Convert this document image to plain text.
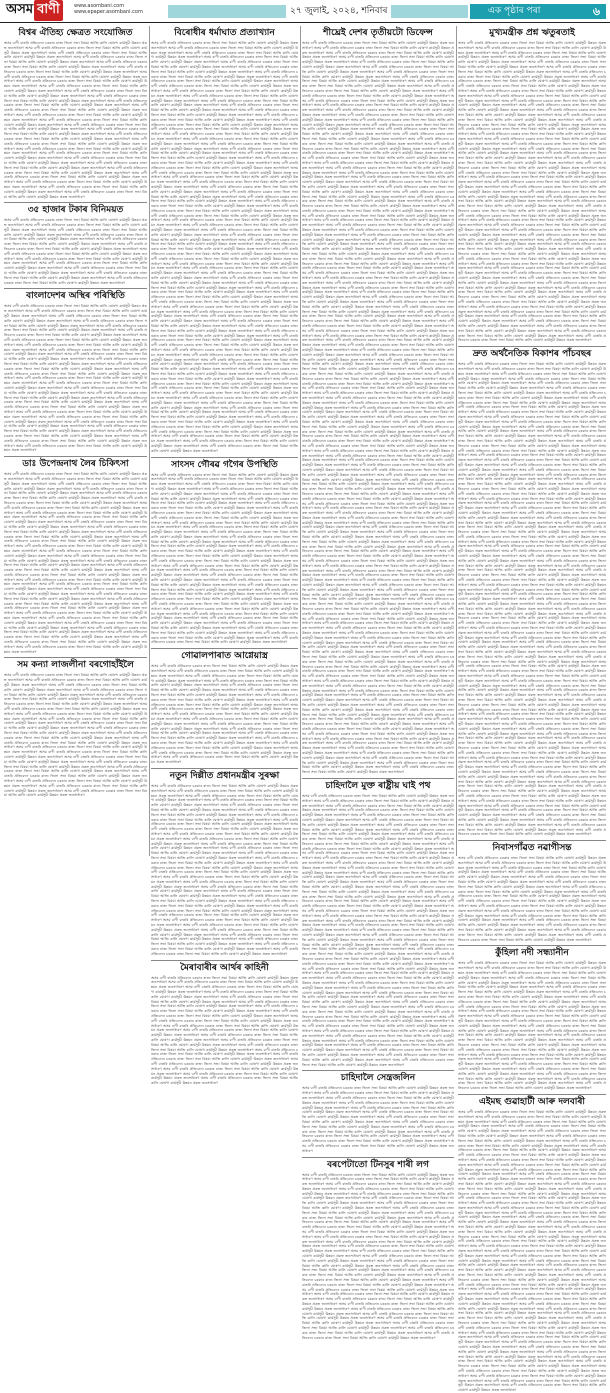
অসম বাণী	www.asombani.com
www.epaper.asombani.com	২৭ জুলাই, ২০২৪, শনিবাৰ	এক পৃষ্ঠাৰ পৰা	৬
বিশ্বৰ ঐতিহ্য ক্ষেত্ৰত সংযোজিত
অসম বাণী বাতৰি প্ৰতিবেদন চৰকাৰ ৰাজ্য জিলা সভা বিষয়া আজি কালি ঘোষণা কাৰ্যসূচী উন্নয়ন প্ৰকল্প জনসাধাৰণ অসম বাণী বাতৰি প্ৰতিবেদন চৰকাৰ ৰাজ্য জিলা সভা বিষয়া আজি কালি ঘোষণা কাৰ্যসূচী উন্নয়ন প্ৰকল্প জনসাধাৰণ অসম বাণী বাতৰি প্ৰতিবেদন চৰকাৰ ৰাজ্য জিলা সভা বিষয়া আজি কালি ঘোষণা কাৰ্যসূচী উন্নয়ন প্ৰকল্প জনসাধাৰণ অসম বাণী বাতৰি প্ৰতিবেদন চৰকাৰ ৰাজ্য জিলা সভা বিষয়া আজি কালি ঘোষণা কাৰ্যসূচী উন্নয়ন প্ৰকল্প জনসাধাৰণ অসম বাণী বাতৰি প্ৰতিবেদন চৰকাৰ ৰাজ্য জিলা সভা বিষয়া আজি কালি ঘোষণা কাৰ্যসূচী উন্নয়ন প্ৰকল্প জনসাধাৰণ অসম বাণী বাতৰি প্ৰতিবেদন চৰকাৰ ৰাজ্য জিলা সভা বিষয়া আজি কালি ঘোষণা কাৰ্যসূচী উন্নয়ন প্ৰকল্প জনসাধাৰণ অসম বাণী বাতৰি প্ৰতিবেদন চৰকাৰ ৰাজ্য জিলা সভা বিষয়া আজি কালি ঘোষণা কাৰ্যসূচী উন্নয়ন প্ৰকল্প জনসাধাৰণ অসম বাণী বাতৰি প্ৰতিবেদন চৰকাৰ ৰাজ্য জিলা সভা বিষয়া আজি কালি ঘোষণা কাৰ্যসূচী উন্নয়ন প্ৰকল্প জনসাধাৰণ অসম বাণী বাতৰি প্ৰতিবেদন চৰকাৰ ৰাজ্য জিলা সভা বিষয়া আজি কালি ঘোষণা কাৰ্যসূচী উন্নয়ন প্ৰকল্প জনসাধাৰণ অসম বাণী বাতৰি প্ৰতিবেদন চৰকাৰ ৰাজ্য জিলা সভা বিষয়া আজি কালি ঘোষণা কাৰ্যসূচী উন্নয়ন প্ৰকল্প জনসাধাৰণ অসম বাণী বাতৰি প্ৰতিবেদন চৰকাৰ ৰাজ্য জিলা সভা বিষয়া আজি কালি ঘোষণা কাৰ্যসূচী উন্নয়ন প্ৰকল্প জনসাধাৰণ অসম বাণী বাতৰি প্ৰতিবেদন চৰকাৰ ৰাজ্য জিলা সভা বিষয়া আজি কালি ঘোষণা কাৰ্যসূচী উন্নয়ন প্ৰকল্প জনসাধাৰণ অসম বাণী বাতৰি প্ৰতিবেদন চৰকাৰ ৰাজ্য জিলা সভা বিষয়া আজি কালি ঘোষণা কাৰ্যসূচী উন্নয়ন প্ৰকল্প জনসাধাৰণ অসম বাণী বাতৰি প্ৰতিবেদন চৰকাৰ ৰাজ্য জিলা সভা বিষয়া আজি কালি ঘোষণা কাৰ্যসূচী উন্নয়ন প্ৰকল্প জনসাধাৰণ অসম বাণী বাতৰি প্ৰতিবেদন চৰকাৰ ৰাজ্য জিলা সভা বিষয়া আজি কালি ঘোষণা কাৰ্যসূচী উন্নয়ন প্ৰকল্প জনসাধাৰণ অসম বাণী বাতৰি প্ৰতিবেদন চৰকাৰ ৰাজ্য জিলা সভা বিষয়া আজি কালি ঘোষণা কাৰ্যসূচী উন্নয়ন প্ৰকল্প জনসাধাৰণ অসম বাণী বাতৰি প্ৰতিবেদন চৰকাৰ ৰাজ্য জিলা সভা বিষয়া আজি কালি ঘোষণা কাৰ্যসূচী উন্নয়ন প্ৰকল্প জনসাধাৰণ অসম বাণী বাতৰি প্ৰতিবেদন চৰকাৰ ৰাজ্য জিলা সভা বিষয়া আজি কালি ঘোষণা কাৰ্যসূচী উন্নয়ন প্ৰকল্প জনসাধাৰণ অসম বাণী বাতৰি প্ৰতিবেদন চৰকাৰ ৰাজ্য জিলা সভা বিষয়া আজি কালি ঘোষণা কাৰ্যসূচী উন্নয়ন প্ৰকল্প জনসাধাৰণ অসম বাণী বাতৰি প্ৰতিবেদন চৰকাৰ ৰাজ্য জিলা সভা বিষয়া আজি কালি ঘোষণা কাৰ্যসূচী উন্নয়ন প্ৰকল্প জনসাধাৰণ অসম বাণী বাতৰি প্ৰতিবেদন চৰকাৰ ৰাজ্য জিলা সভা বিষয়া আজি কালি ঘোষণা কাৰ্যসূচী উন্নয়ন প্ৰকল্প জনসাধাৰণ অসম বাণী বাতৰি প্ৰতিবেদন চৰকাৰ ৰাজ্য জিলা সভা বিষয়া আজি কালি ঘোষণা কাৰ্যসূচী উন্নয়ন প্ৰকল্প জনসাধাৰণ অসম বাণী বাতৰি প্ৰতিবেদন চৰকাৰ ৰাজ্য জিলা সভা বিষয়া আজি কালি ঘোষণা কাৰ্যসূচী উন্নয়ন প্ৰকল্প জনসাধাৰণ অসম বাণী বাতৰি প্ৰতিবেদন চৰকাৰ ৰাজ্য জিলা সভা বিষয়া আজি কালি ঘোষণা কাৰ্যসূচী উন্নয়ন প্ৰকল্প জনসাধাৰণ অসম বাণী বাতৰি প্ৰতিবেদন চৰকাৰ ৰাজ্য জিলা সভা বিষয়া আজি কালি ঘোষণা কাৰ্যসূচী উন্নয়ন প্ৰকল্প জনসাধাৰণ অসম বাণী বাতৰি প্ৰতিবেদন চৰকাৰ ৰাজ্য জিলা সভা বিষয়া আজি কালি ঘোষণা কাৰ্যসূচী উন্নয়ন প্ৰকল্প জনসাধাৰণ অসম বাণী বাতৰি প্ৰতিবেদন চৰকাৰ ৰাজ্য জিলা সভা বিষয়া আজি কালি ঘোষণা কাৰ্যসূচী উন্নয়ন প্ৰকল্প জনসাধাৰণ অসম বাণী বাতৰি প্ৰতিবেদন চৰকাৰ ৰাজ্য জিলা সভা বিষয়া আজি কালি ঘোষণা কাৰ্যসূচী উন্নয়ন প্ৰকল্প জনসাধাৰণ
৩৫ হাজাৰ টকাৰ বিনিময়ত
অসম বাণী বাতৰি প্ৰতিবেদন চৰকাৰ ৰাজ্য জিলা সভা বিষয়া আজি কালি ঘোষণা কাৰ্যসূচী উন্নয়ন প্ৰকল্প জনসাধাৰণ অসম বাণী বাতৰি প্ৰতিবেদন চৰকাৰ ৰাজ্য জিলা সভা বিষয়া আজি কালি ঘোষণা কাৰ্যসূচী উন্নয়ন প্ৰকল্প জনসাধাৰণ অসম বাণী বাতৰি প্ৰতিবেদন চৰকাৰ ৰাজ্য জিলা সভা বিষয়া আজি কালি ঘোষণা কাৰ্যসূচী উন্নয়ন প্ৰকল্প জনসাধাৰণ অসম বাণী বাতৰি প্ৰতিবেদন চৰকাৰ ৰাজ্য জিলা সভা বিষয়া আজি কালি ঘোষণা কাৰ্যসূচী উন্নয়ন প্ৰকল্প জনসাধাৰণ অসম বাণী বাতৰি প্ৰতিবেদন চৰকাৰ ৰাজ্য জিলা সভা বিষয়া আজি কালি ঘোষণা কাৰ্যসূচী উন্নয়ন প্ৰকল্প জনসাধাৰণ অসম বাণী বাতৰি প্ৰতিবেদন চৰকাৰ ৰাজ্য জিলা সভা বিষয়া আজি কালি ঘোষণা কাৰ্যসূচী উন্নয়ন প্ৰকল্প জনসাধাৰণ অসম বাণী বাতৰি প্ৰতিবেদন চৰকাৰ ৰাজ্য জিলা সভা বিষয়া আজি কালি ঘোষণা কাৰ্যসূচী উন্নয়ন প্ৰকল্প জনসাধাৰণ অসম বাণী বাতৰি প্ৰতিবেদন চৰকাৰ ৰাজ্য জিলা সভা বিষয়া আজি কালি ঘোষণা কাৰ্যসূচী উন্নয়ন প্ৰকল্প জনসাধাৰণ অসম বাণী বাতৰি প্ৰতিবেদন চৰকাৰ ৰাজ্য জিলা সভা বিষয়া আজি কালি ঘোষণা কাৰ্যসূচী উন্নয়ন প্ৰকল্প জনসাধাৰণ অসম বাণী বাতৰি প্ৰতিবেদন চৰকাৰ ৰাজ্য জিলা সভা বিষয়া আজি কালি ঘোষণা কাৰ্যসূচী উন্নয়ন প্ৰকল্প জনসাধাৰণ অসম বাণী বাতৰি প্ৰতিবেদন চৰকাৰ ৰাজ্য জিলা সভা বিষয়া আজি কালি ঘোষণা কাৰ্যসূচী উন্নয়ন প্ৰকল্প জনসাধাৰণ অসম বাণী বাতৰি প্ৰতিবেদন চৰকাৰ ৰাজ্য জিলা সভা বিষয়া আজি কালি ঘোষণা কাৰ্যসূচী উন্নয়ন প্ৰকল্প জনসাধাৰণ
বাংলাদেশৰ অস্থিৰ পৰিস্থিতি
অসম বাণী বাতৰি প্ৰতিবেদন চৰকাৰ ৰাজ্য জিলা সভা বিষয়া আজি কালি ঘোষণা কাৰ্যসূচী উন্নয়ন প্ৰকল্প জনসাধাৰণ অসম বাণী বাতৰি প্ৰতিবেদন চৰকাৰ ৰাজ্য জিলা সভা বিষয়া আজি কালি ঘোষণা কাৰ্যসূচী উন্নয়ন প্ৰকল্প জনসাধাৰণ অসম বাণী বাতৰি প্ৰতিবেদন চৰকাৰ ৰাজ্য জিলা সভা বিষয়া আজি কালি ঘোষণা কাৰ্যসূচী উন্নয়ন প্ৰকল্প জনসাধাৰণ অসম বাণী বাতৰি প্ৰতিবেদন চৰকাৰ ৰাজ্য জিলা সভা বিষয়া আজি কালি ঘোষণা কাৰ্যসূচী উন্নয়ন প্ৰকল্প জনসাধাৰণ অসম বাণী বাতৰি প্ৰতিবেদন চৰকাৰ ৰাজ্য জিলা সভা বিষয়া আজি কালি ঘোষণা কাৰ্যসূচী উন্নয়ন প্ৰকল্প জনসাধাৰণ অসম বাণী বাতৰি প্ৰতিবেদন চৰকাৰ ৰাজ্য জিলা সভা বিষয়া আজি কালি ঘোষণা কাৰ্যসূচী উন্নয়ন প্ৰকল্প জনসাধাৰণ অসম বাণী বাতৰি প্ৰতিবেদন চৰকাৰ ৰাজ্য জিলা সভা বিষয়া আজি কালি ঘোষণা কাৰ্যসূচী উন্নয়ন প্ৰকল্প জনসাধাৰণ অসম বাণী বাতৰি প্ৰতিবেদন চৰকাৰ ৰাজ্য জিলা সভা বিষয়া আজি কালি ঘোষণা কাৰ্যসূচী উন্নয়ন প্ৰকল্প জনসাধাৰণ অসম বাণী বাতৰি প্ৰতিবেদন চৰকাৰ ৰাজ্য জিলা সভা বিষয়া আজি কালি ঘোষণা কাৰ্যসূচী উন্নয়ন প্ৰকল্প জনসাধাৰণ অসম বাণী বাতৰি প্ৰতিবেদন চৰকাৰ ৰাজ্য জিলা সভা বিষয়া আজি কালি ঘোষণা কাৰ্যসূচী উন্নয়ন প্ৰকল্প জনসাধাৰণ অসম বাণী বাতৰি প্ৰতিবেদন চৰকাৰ ৰাজ্য জিলা সভা বিষয়া আজি কালি ঘোষণা কাৰ্যসূচী উন্নয়ন প্ৰকল্প জনসাধাৰণ অসম বাণী বাতৰি প্ৰতিবেদন চৰকাৰ ৰাজ্য জিলা সভা বিষয়া আজি কালি ঘোষণা কাৰ্যসূচী উন্নয়ন প্ৰকল্প জনসাধাৰণ অসম বাণী বাতৰি প্ৰতিবেদন চৰকাৰ ৰাজ্য জিলা সভা বিষয়া আজি কালি ঘোষণা কাৰ্যসূচী উন্নয়ন প্ৰকল্প জনসাধাৰণ অসম বাণী বাতৰি প্ৰতিবেদন চৰকাৰ ৰাজ্য জিলা সভা বিষয়া আজি কালি ঘোষণা কাৰ্যসূচী উন্নয়ন প্ৰকল্প জনসাধাৰণ অসম বাণী বাতৰি প্ৰতিবেদন চৰকাৰ ৰাজ্য জিলা সভা বিষয়া আজি কালি ঘোষণা কাৰ্যসূচী উন্নয়ন প্ৰকল্প জনসাধাৰণ অসম বাণী বাতৰি প্ৰতিবেদন চৰকাৰ ৰাজ্য জিলা সভা বিষয়া আজি কালি ঘোষণা কাৰ্যসূচী উন্নয়ন প্ৰকল্প জনসাধাৰণ অসম বাণী বাতৰি প্ৰতিবেদন চৰকাৰ ৰাজ্য জিলা সভা বিষয়া আজি কালি ঘোষণা কাৰ্যসূচী উন্নয়ন প্ৰকল্প জনসাধাৰণ অসম বাণী বাতৰি প্ৰতিবেদন চৰকাৰ ৰাজ্য জিলা সভা বিষয়া আজি কালি ঘোষণা কাৰ্যসূচী উন্নয়ন প্ৰকল্প জনসাধাৰণ অসম বাণী বাতৰি প্ৰতিবেদন চৰকাৰ ৰাজ্য জিলা সভা বিষয়া আজি কালি ঘোষণা কাৰ্যসূচী উন্নয়ন প্ৰকল্প জনসাধাৰণ অসম বাণী বাতৰি প্ৰতিবেদন চৰকাৰ ৰাজ্য জিলা সভা বিষয়া আজি কালি ঘোষণা কাৰ্যসূচী উন্নয়ন প্ৰকল্প জনসাধাৰণ অসম বাণী বাতৰি প্ৰতিবেদন চৰকাৰ ৰাজ্য জিলা সভা বিষয়া আজি কালি ঘোষণা কাৰ্যসূচী উন্নয়ন প্ৰকল্প জনসাধাৰণ অসম বাণী বাতৰি প্ৰতিবেদন চৰকাৰ ৰাজ্য জিলা সভা বিষয়া আজি কালি ঘোষণা কাৰ্যসূচী উন্নয়ন প্ৰকল্প জনসাধাৰণ অসম বাণী বাতৰি প্ৰতিবেদন চৰকাৰ ৰাজ্য জিলা সভা বিষয়া আজি কালি ঘোষণা কাৰ্যসূচী উন্নয়ন প্ৰকল্প জনসাধাৰণ অসম বাণী বাতৰি প্ৰতিবেদন চৰকাৰ ৰাজ্য জিলা সভা বিষয়া আজি কালি ঘোষণা কাৰ্যসূচী উন্নয়ন প্ৰকল্প জনসাধাৰণ অসম বাণী বাতৰি প্ৰতিবেদন চৰকাৰ ৰাজ্য জিলা সভা বিষয়া আজি কালি ঘোষণা কাৰ্যসূচী উন্নয়ন প্ৰকল্প জনসাধাৰণ অসম বাণী বাতৰি প্ৰতিবেদন চৰকাৰ ৰাজ্য জিলা সভা বিষয়া আজি কালি ঘোষণা কাৰ্যসূচী উন্নয়ন প্ৰকল্প জনসাধাৰণ
ডাঃ উপেন্দ্ৰনাথ লৈৰ চিকিৎসা
অসম বাণী বাতৰি প্ৰতিবেদন চৰকাৰ ৰাজ্য জিলা সভা বিষয়া আজি কালি ঘোষণা কাৰ্যসূচী উন্নয়ন প্ৰকল্প জনসাধাৰণ অসম বাণী বাতৰি প্ৰতিবেদন চৰকাৰ ৰাজ্য জিলা সভা বিষয়া আজি কালি ঘোষণা কাৰ্যসূচী উন্নয়ন প্ৰকল্প জনসাধাৰণ অসম বাণী বাতৰি প্ৰতিবেদন চৰকাৰ ৰাজ্য জিলা সভা বিষয়া আজি কালি ঘোষণা কাৰ্যসূচী উন্নয়ন প্ৰকল্প জনসাধাৰণ অসম বাণী বাতৰি প্ৰতিবেদন চৰকাৰ ৰাজ্য জিলা সভা বিষয়া আজি কালি ঘোষণা কাৰ্যসূচী উন্নয়ন প্ৰকল্প জনসাধাৰণ অসম বাণী বাতৰি প্ৰতিবেদন চৰকাৰ ৰাজ্য জিলা সভা বিষয়া আজি কালি ঘোষণা কাৰ্যসূচী উন্নয়ন প্ৰকল্প জনসাধাৰণ অসম বাণী বাতৰি প্ৰতিবেদন চৰকাৰ ৰাজ্য জিলা সভা বিষয়া আজি কালি ঘোষণা কাৰ্যসূচী উন্নয়ন প্ৰকল্প জনসাধাৰণ অসম বাণী বাতৰি প্ৰতিবেদন চৰকাৰ ৰাজ্য জিলা সভা বিষয়া আজি কালি ঘোষণা কাৰ্যসূচী উন্নয়ন প্ৰকল্প জনসাধাৰণ অসম বাণী বাতৰি প্ৰতিবেদন চৰকাৰ ৰাজ্য জিলা সভা বিষয়া আজি কালি ঘোষণা কাৰ্যসূচী উন্নয়ন প্ৰকল্প জনসাধাৰণ অসম বাণী বাতৰি প্ৰতিবেদন চৰকাৰ ৰাজ্য জিলা সভা বিষয়া আজি কালি ঘোষণা কাৰ্যসূচী উন্নয়ন প্ৰকল্প জনসাধাৰণ অসম বাণী বাতৰি প্ৰতিবেদন চৰকাৰ ৰাজ্য জিলা সভা বিষয়া আজি কালি ঘোষণা কাৰ্যসূচী উন্নয়ন প্ৰকল্প জনসাধাৰণ অসম বাণী বাতৰি প্ৰতিবেদন চৰকাৰ ৰাজ্য জিলা সভা বিষয়া আজি কালি ঘোষণা কাৰ্যসূচী উন্নয়ন প্ৰকল্প জনসাধাৰণ অসম বাণী বাতৰি প্ৰতিবেদন চৰকাৰ ৰাজ্য জিলা সভা বিষয়া আজি কালি ঘোষণা কাৰ্যসূচী উন্নয়ন প্ৰকল্প জনসাধাৰণ অসম বাণী বাতৰি প্ৰতিবেদন চৰকাৰ ৰাজ্য জিলা সভা বিষয়া আজি কালি ঘোষণা কাৰ্যসূচী উন্নয়ন প্ৰকল্প জনসাধাৰণ অসম বাণী বাতৰি প্ৰতিবেদন চৰকাৰ ৰাজ্য জিলা সভা বিষয়া আজি কালি ঘোষণা কাৰ্যসূচী উন্নয়ন প্ৰকল্প জনসাধাৰণ অসম বাণী বাতৰি প্ৰতিবেদন চৰকাৰ ৰাজ্য জিলা সভা বিষয়া আজি কালি ঘোষণা কাৰ্যসূচী উন্নয়ন প্ৰকল্প জনসাধাৰণ অসম বাণী বাতৰি প্ৰতিবেদন চৰকাৰ ৰাজ্য জিলা সভা বিষয়া আজি কালি ঘোষণা কাৰ্যসূচী উন্নয়ন প্ৰকল্প জনসাধাৰণ অসম বাণী বাতৰি প্ৰতিবেদন চৰকাৰ ৰাজ্য জিলা সভা বিষয়া আজি কালি ঘোষণা কাৰ্যসূচী উন্নয়ন প্ৰকল্প জনসাধাৰণ অসম বাণী বাতৰি প্ৰতিবেদন চৰকাৰ ৰাজ্য জিলা সভা বিষয়া আজি কালি ঘোষণা কাৰ্যসূচী উন্নয়ন প্ৰকল্প জনসাধাৰণ অসম বাণী বাতৰি প্ৰতিবেদন চৰকাৰ ৰাজ্য জিলা সভা বিষয়া আজি কালি ঘোষণা কাৰ্যসূচী উন্নয়ন প্ৰকল্প জনসাধাৰণ অসম বাণী বাতৰি প্ৰতিবেদন চৰকাৰ ৰাজ্য জিলা সভা বিষয়া আজি কালি ঘোষণা কাৰ্যসূচী উন্নয়ন প্ৰকল্প জনসাধাৰণ অসম বাণী বাতৰি প্ৰতিবেদন চৰকাৰ ৰাজ্য জিলা সভা বিষয়া আজি কালি ঘোষণা কাৰ্যসূচী উন্নয়ন প্ৰকল্প জনসাধাৰণ অসম বাণী বাতৰি প্ৰতিবেদন চৰকাৰ ৰাজ্য জিলা সভা বিষয়া আজি কালি ঘোষণা কাৰ্যসূচী উন্নয়ন প্ৰকল্প জনসাধাৰণ অসম বাণী বাতৰি প্ৰতিবেদন চৰকাৰ ৰাজ্য জিলা সভা বিষয়া আজি কালি ঘোষণা কাৰ্যসূচী উন্নয়ন প্ৰকল্প জনসাধাৰণ অসম বাণী বাতৰি প্ৰতিবেদন চৰকাৰ ৰাজ্য জিলা সভা বিষয়া আজি কালি ঘোষণা কাৰ্যসূচী উন্নয়ন প্ৰকল্প জনসাধাৰণ অসম বাণী বাতৰি প্ৰতিবেদন চৰকাৰ ৰাজ্য জিলা সভা বিষয়া আজি কালি ঘোষণা কাৰ্যসূচী উন্নয়ন প্ৰকল্প জনসাধাৰণ অসম বাণী বাতৰি প্ৰতিবেদন চৰকাৰ ৰাজ্য জিলা সভা বিষয়া আজি কালি ঘোষণা কাৰ্যসূচী উন্নয়ন প্ৰকল্প জনসাধাৰণ অসম বাণী বাতৰি প্ৰতিবেদন চৰকাৰ ৰাজ্য জিলা সভা বিষয়া আজি কালি ঘোষণা কাৰ্যসূচী উন্নয়ন প্ৰকল্প জনসাধাৰণ অসম বাণী বাতৰি প্ৰতিবেদন চৰকাৰ ৰাজ্য জিলা সভা বিষয়া আজি কালি ঘোষণা কাৰ্যসূচী উন্নয়ন প্ৰকল্প জনসাধাৰণ অসম বাণী বাতৰি প্ৰতিবেদন চৰকাৰ ৰাজ্য জিলা সভা বিষয়া আজি কালি ঘোষণা কাৰ্যসূচী উন্নয়ন প্ৰকল্প জনসাধাৰণ অসম বাণী বাতৰি প্ৰতিবেদন চৰকাৰ ৰাজ্য জিলা সভা বিষয়া আজি কালি ঘোষণা কাৰ্যসূচী উন্নয়ন প্ৰকল্প জনসাধাৰণ অসম বাণী বাতৰি প্ৰতিবেদন চৰকাৰ ৰাজ্য জিলা সভা বিষয়া আজি কালি ঘোষণা কাৰ্যসূচী উন্নয়ন প্ৰকল্প জনসাধাৰণ অসম বাণী বাতৰি প্ৰতিবেদন চৰকাৰ ৰাজ্য জিলা সভা বিষয়া আজি কালি ঘোষণা কাৰ্যসূচী উন্নয়ন প্ৰকল্প জনসাধাৰণ
সম কন্যা লাজলীনা বৰগোহাঁইলৈ
অসম বাণী বাতৰি প্ৰতিবেদন চৰকাৰ ৰাজ্য জিলা সভা বিষয়া আজি কালি ঘোষণা কাৰ্যসূচী উন্নয়ন প্ৰকল্প জনসাধাৰণ অসম বাণী বাতৰি প্ৰতিবেদন চৰকাৰ ৰাজ্য জিলা সভা বিষয়া আজি কালি ঘোষণা কাৰ্যসূচী উন্নয়ন প্ৰকল্প জনসাধাৰণ অসম বাণী বাতৰি প্ৰতিবেদন চৰকাৰ ৰাজ্য জিলা সভা বিষয়া আজি কালি ঘোষণা কাৰ্যসূচী উন্নয়ন প্ৰকল্প জনসাধাৰণ অসম বাণী বাতৰি প্ৰতিবেদন চৰকাৰ ৰাজ্য জিলা সভা বিষয়া আজি কালি ঘোষণা কাৰ্যসূচী উন্নয়ন প্ৰকল্প জনসাধাৰণ অসম বাণী বাতৰি প্ৰতিবেদন চৰকাৰ ৰাজ্য জিলা সভা বিষয়া আজি কালি ঘোষণা কাৰ্যসূচী উন্নয়ন প্ৰকল্প জনসাধাৰণ অসম বাণী বাতৰি প্ৰতিবেদন চৰকাৰ ৰাজ্য জিলা সভা বিষয়া আজি কালি ঘোষণা কাৰ্যসূচী উন্নয়ন প্ৰকল্প জনসাধাৰণ অসম বাণী বাতৰি প্ৰতিবেদন চৰকাৰ ৰাজ্য জিলা সভা বিষয়া আজি কালি ঘোষণা কাৰ্যসূচী উন্নয়ন প্ৰকল্প জনসাধাৰণ অসম বাণী বাতৰি প্ৰতিবেদন চৰকাৰ ৰাজ্য জিলা সভা বিষয়া আজি কালি ঘোষণা কাৰ্যসূচী উন্নয়ন প্ৰকল্প জনসাধাৰণ অসম বাণী বাতৰি প্ৰতিবেদন চৰকাৰ ৰাজ্য জিলা সভা বিষয়া আজি কালি ঘোষণা কাৰ্যসূচী উন্নয়ন প্ৰকল্প জনসাধাৰণ অসম বাণী বাতৰি প্ৰতিবেদন চৰকাৰ ৰাজ্য জিলা সভা বিষয়া আজি কালি ঘোষণা কাৰ্যসূচী উন্নয়ন প্ৰকল্প জনসাধাৰণ অসম বাণী বাতৰি প্ৰতিবেদন চৰকাৰ ৰাজ্য জিলা সভা বিষয়া আজি কালি ঘোষণা কাৰ্যসূচী উন্নয়ন প্ৰকল্প জনসাধাৰণ অসম বাণী বাতৰি প্ৰতিবেদন চৰকাৰ ৰাজ্য জিলা সভা বিষয়া আজি কালি ঘোষণা কাৰ্যসূচী উন্নয়ন প্ৰকল্প জনসাধাৰণ অসম বাণী বাতৰি প্ৰতিবেদন চৰকাৰ ৰাজ্য জিলা সভা বিষয়া আজি কালি ঘোষণা কাৰ্যসূচী উন্নয়ন প্ৰকল্প জনসাধাৰণ অসম বাণী বাতৰি প্ৰতিবেদন চৰকাৰ ৰাজ্য জিলা সভা বিষয়া আজি কালি ঘোষণা কাৰ্যসূচী উন্নয়ন প্ৰকল্প জনসাধাৰণ অসম বাণী বাতৰি প্ৰতিবেদন চৰকাৰ ৰাজ্য জিলা সভা বিষয়া আজি কালি ঘোষণা কাৰ্যসূচী উন্নয়ন প্ৰকল্প জনসাধাৰণ অসম বাণী বাতৰি প্ৰতিবেদন চৰকাৰ ৰাজ্য জিলা সভা বিষয়া আজি কালি ঘোষণা কাৰ্যসূচী উন্নয়ন প্ৰকল্প জনসাধাৰণ অসম বাণী বাতৰি প্ৰতিবেদন চৰকাৰ ৰাজ্য জিলা সভা বিষয়া আজি কালি ঘোষণা কাৰ্যসূচী উন্নয়ন প্ৰকল্প জনসাধাৰণ অসম বাণী বাতৰি প্ৰতিবেদন চৰকাৰ ৰাজ্য জিলা সভা বিষয়া আজি কালি ঘোষণা কাৰ্যসূচী উন্নয়ন প্ৰকল্প জনসাধাৰণ অসম বাণী বাতৰি প্ৰতিবেদন চৰকাৰ ৰাজ্য জিলা সভা বিষয়া আজি কালি ঘোষণা কাৰ্যসূচী উন্নয়ন প্ৰকল্প জনসাধাৰণ অসম বাণী বাতৰি প্ৰতিবেদন চৰকাৰ ৰাজ্য জিলা সভা বিষয়া আজি কালি ঘোষণা কাৰ্যসূচী উন্নয়ন প্ৰকল্প জনসাধাৰণ অসম বাণী বাতৰি প্ৰতিবেদন চৰকাৰ ৰাজ্য জিলা সভা বিষয়া আজি কালি ঘোষণা কাৰ্যসূচী উন্নয়ন প্ৰকল্প জনসাধাৰণ অসম বাণী বাতৰি প্ৰতিবেদন চৰকাৰ ৰাজ্য জিলা সভা বিষয়া আজি কালি ঘোষণা কাৰ্যসূচী উন্নয়ন প্ৰকল্প জনসাধাৰণ
বিৰোধীৰ ধৰ্মাঘাত প্ৰত্যাখ্যান
অসম বাণী বাতৰি প্ৰতিবেদন চৰকাৰ ৰাজ্য জিলা সভা বিষয়া আজি কালি ঘোষণা কাৰ্যসূচী উন্নয়ন প্ৰকল্প জনসাধাৰণ অসম বাণী বাতৰি প্ৰতিবেদন চৰকাৰ ৰাজ্য জিলা সভা বিষয়া আজি কালি ঘোষণা কাৰ্যসূচী উন্নয়ন প্ৰকল্প জনসাধাৰণ অসম বাণী বাতৰি প্ৰতিবেদন চৰকাৰ ৰাজ্য জিলা সভা বিষয়া আজি কালি ঘোষণা কাৰ্যসূচী উন্নয়ন প্ৰকল্প জনসাধাৰণ অসম বাণী বাতৰি প্ৰতিবেদন চৰকাৰ ৰাজ্য জিলা সভা বিষয়া আজি কালি ঘোষণা কাৰ্যসূচী উন্নয়ন প্ৰকল্প জনসাধাৰণ অসম বাণী বাতৰি প্ৰতিবেদন চৰকাৰ ৰাজ্য জিলা সভা বিষয়া আজি কালি ঘোষণা কাৰ্যসূচী উন্নয়ন প্ৰকল্প জনসাধাৰণ অসম বাণী বাতৰি প্ৰতিবেদন চৰকাৰ ৰাজ্য জিলা সভা বিষয়া আজি কালি ঘোষণা কাৰ্যসূচী উন্নয়ন প্ৰকল্প জনসাধাৰণ অসম বাণী বাতৰি প্ৰতিবেদন চৰকাৰ ৰাজ্য জিলা সভা বিষয়া আজি কালি ঘোষণা কাৰ্যসূচী উন্নয়ন প্ৰকল্প জনসাধাৰণ অসম বাণী বাতৰি প্ৰতিবেদন চৰকাৰ ৰাজ্য জিলা সভা বিষয়া আজি কালি ঘোষণা কাৰ্যসূচী উন্নয়ন প্ৰকল্প জনসাধাৰণ অসম বাণী বাতৰি প্ৰতিবেদন চৰকাৰ ৰাজ্য জিলা সভা বিষয়া আজি কালি ঘোষণা কাৰ্যসূচী উন্নয়ন প্ৰকল্প জনসাধাৰণ অসম বাণী বাতৰি প্ৰতিবেদন চৰকাৰ ৰাজ্য জিলা সভা বিষয়া আজি কালি ঘোষণা কাৰ্যসূচী উন্নয়ন প্ৰকল্প জনসাধাৰণ অসম বাণী বাতৰি প্ৰতিবেদন চৰকাৰ ৰাজ্য জিলা সভা বিষয়া আজি কালি ঘোষণা কাৰ্যসূচী উন্নয়ন প্ৰকল্প জনসাধাৰণ অসম বাণী বাতৰি প্ৰতিবেদন চৰকাৰ ৰাজ্য জিলা সভা বিষয়া আজি কালি ঘোষণা কাৰ্যসূচী উন্নয়ন প্ৰকল্প জনসাধাৰণ অসম বাণী বাতৰি প্ৰতিবেদন চৰকাৰ ৰাজ্য জিলা সভা বিষয়া আজি কালি ঘোষণা কাৰ্যসূচী উন্নয়ন প্ৰকল্প জনসাধাৰণ অসম বাণী বাতৰি প্ৰতিবেদন চৰকাৰ ৰাজ্য জিলা সভা বিষয়া আজি কালি ঘোষণা কাৰ্যসূচী উন্নয়ন প্ৰকল্প জনসাধাৰণ অসম বাণী বাতৰি প্ৰতিবেদন চৰকাৰ ৰাজ্য জিলা সভা বিষয়া আজি কালি ঘোষণা কাৰ্যসূচী উন্নয়ন প্ৰকল্প জনসাধাৰণ অসম বাণী বাতৰি প্ৰতিবেদন চৰকাৰ ৰাজ্য জিলা সভা বিষয়া আজি কালি ঘোষণা কাৰ্যসূচী উন্নয়ন প্ৰকল্প জনসাধাৰণ অসম বাণী বাতৰি প্ৰতিবেদন চৰকাৰ ৰাজ্য জিলা সভা বিষয়া আজি কালি ঘোষণা কাৰ্যসূচী উন্নয়ন প্ৰকল্প জনসাধাৰণ অসম বাণী বাতৰি প্ৰতিবেদন চৰকাৰ ৰাজ্য জিলা সভা বিষয়া আজি কালি ঘোষণা কাৰ্যসূচী উন্নয়ন প্ৰকল্প জনসাধাৰণ অসম বাণী বাতৰি প্ৰতিবেদন চৰকাৰ ৰাজ্য জিলা সভা বিষয়া আজি কালি ঘোষণা কাৰ্যসূচী উন্নয়ন প্ৰকল্প জনসাধাৰণ অসম বাণী বাতৰি প্ৰতিবেদন চৰকাৰ ৰাজ্য জিলা সভা বিষয়া আজি কালি ঘোষণা কাৰ্যসূচী উন্নয়ন প্ৰকল্প জনসাধাৰণ অসম বাণী বাতৰি প্ৰতিবেদন চৰকাৰ ৰাজ্য জিলা সভা বিষয়া আজি কালি ঘোষণা কাৰ্যসূচী উন্নয়ন প্ৰকল্প জনসাধাৰণ অসম বাণী বাতৰি প্ৰতিবেদন চৰকাৰ ৰাজ্য জিলা সভা বিষয়া আজি কালি ঘোষণা কাৰ্যসূচী উন্নয়ন প্ৰকল্প জনসাধাৰণ অসম বাণী বাতৰি প্ৰতিবেদন চৰকাৰ ৰাজ্য জিলা সভা বিষয়া আজি কালি ঘোষণা কাৰ্যসূচী উন্নয়ন প্ৰকল্প জনসাধাৰণ অসম বাণী বাতৰি প্ৰতিবেদন চৰকাৰ ৰাজ্য জিলা সভা বিষয়া আজি কালি ঘোষণা কাৰ্যসূচী উন্নয়ন প্ৰকল্প জনসাধাৰণ অসম বাণী বাতৰি প্ৰতিবেদন চৰকাৰ ৰাজ্য জিলা সভা বিষয়া আজি কালি ঘোষণা কাৰ্যসূচী উন্নয়ন প্ৰকল্প জনসাধাৰণ অসম বাণী বাতৰি প্ৰতিবেদন চৰকাৰ ৰাজ্য জিলা সভা বিষয়া আজি কালি ঘোষণা কাৰ্যসূচী উন্নয়ন প্ৰকল্প জনসাধাৰণ অসম বাণী বাতৰি প্ৰতিবেদন চৰকাৰ ৰাজ্য জিলা সভা বিষয়া আজি কালি ঘোষণা কাৰ্যসূচী উন্নয়ন প্ৰকল্প জনসাধাৰণ অসম বাণী বাতৰি প্ৰতিবেদন চৰকাৰ ৰাজ্য জিলা সভা বিষয়া আজি কালি ঘোষণা কাৰ্যসূচী উন্নয়ন প্ৰকল্প জনসাধাৰণ অসম বাণী বাতৰি প্ৰতিবেদন চৰকাৰ ৰাজ্য জিলা সভা বিষয়া আজি কালি ঘোষণা কাৰ্যসূচী উন্নয়ন প্ৰকল্প জনসাধাৰণ অসম বাণী বাতৰি প্ৰতিবেদন চৰকাৰ ৰাজ্য জিলা সভা বিষয়া আজি কালি ঘোষণা কাৰ্যসূচী উন্নয়ন প্ৰকল্প জনসাধাৰণ অসম বাণী বাতৰি প্ৰতিবেদন চৰকাৰ ৰাজ্য জিলা সভা বিষয়া আজি কালি ঘোষণা কাৰ্যসূচী উন্নয়ন প্ৰকল্প জনসাধাৰণ অসম বাণী বাতৰি প্ৰতিবেদন চৰকাৰ ৰাজ্য জিলা সভা বিষয়া আজি কালি ঘোষণা কাৰ্যসূচী উন্নয়ন প্ৰকল্প জনসাধাৰণ অসম বাণী বাতৰি প্ৰতিবেদন চৰকাৰ ৰাজ্য জিলা সভা বিষয়া আজি কালি ঘোষণা কাৰ্যসূচী উন্নয়ন প্ৰকল্প জনসাধাৰণ অসম বাণী বাতৰি প্ৰতিবেদন চৰকাৰ ৰাজ্য জিলা সভা বিষয়া আজি কালি ঘোষণা কাৰ্যসূচী উন্নয়ন প্ৰকল্প জনসাধাৰণ অসম বাণী বাতৰি প্ৰতিবেদন চৰকাৰ ৰাজ্য জিলা সভা বিষয়া আজি কালি ঘোষণা কাৰ্যসূচী উন্নয়ন প্ৰকল্প জনসাধাৰণ অসম বাণী বাতৰি প্ৰতিবেদন চৰকাৰ ৰাজ্য জিলা সভা বিষয়া আজি কালি ঘোষণা কাৰ্যসূচী উন্নয়ন প্ৰকল্প জনসাধাৰণ অসম বাণী বাতৰি প্ৰতিবেদন চৰকাৰ ৰাজ্য জিলা সভা বিষয়া আজি কালি ঘোষণা কাৰ্যসূচী উন্নয়ন প্ৰকল্প জনসাধাৰণ অসম বাণী বাতৰি প্ৰতিবেদন চৰকাৰ ৰাজ্য জিলা সভা বিষয়া আজি কালি ঘোষণা কাৰ্যসূচী উন্নয়ন প্ৰকল্প জনসাধাৰণ অসম বাণী বাতৰি প্ৰতিবেদন চৰকাৰ ৰাজ্য জিলা সভা বিষয়া আজি কালি ঘোষণা কাৰ্যসূচী উন্নয়ন প্ৰকল্প জনসাধাৰণ অসম বাণী বাতৰি প্ৰতিবেদন চৰকাৰ ৰাজ্য জিলা সভা বিষয়া আজি কালি ঘোষণা কাৰ্যসূচী উন্নয়ন প্ৰকল্প জনসাধাৰণ অসম বাণী বাতৰি প্ৰতিবেদন চৰকাৰ ৰাজ্য জিলা সভা বিষয়া আজি কালি ঘোষণা কাৰ্যসূচী উন্নয়ন প্ৰকল্প জনসাধাৰণ অসম বাণী বাতৰি প্ৰতিবেদন চৰকাৰ ৰাজ্য জিলা সভা বিষয়া আজি কালি ঘোষণা কাৰ্যসূচী উন্নয়ন প্ৰকল্প জনসাধাৰণ অসম বাণী বাতৰি প্ৰতিবেদন চৰকাৰ ৰাজ্য জিলা সভা বিষয়া আজি কালি ঘোষণা কাৰ্যসূচী উন্নয়ন প্ৰকল্প জনসাধাৰণ অসম বাণী বাতৰি প্ৰতিবেদন চৰকাৰ ৰাজ্য জিলা সভা বিষয়া আজি কালি ঘোষণা কাৰ্যসূচী উন্নয়ন প্ৰকল্প জনসাধাৰণ অসম বাণী বাতৰি প্ৰতিবেদন চৰকাৰ ৰাজ্য জিলা সভা বিষয়া আজি কালি ঘোষণা কাৰ্যসূচী উন্নয়ন প্ৰকল্প জনসাধাৰণ অসম বাণী বাতৰি প্ৰতিবেদন চৰকাৰ ৰাজ্য জিলা সভা বিষয়া আজি কালি ঘোষণা কাৰ্যসূচী উন্নয়ন প্ৰকল্প জনসাধাৰণ অসম বাণী বাতৰি প্ৰতিবেদন চৰকাৰ ৰাজ্য জিলা সভা বিষয়া আজি কালি ঘোষণা কাৰ্যসূচী উন্নয়ন প্ৰকল্প জনসাধাৰণ অসম বাণী বাতৰি প্ৰতিবেদন চৰকাৰ ৰাজ্য জিলা সভা বিষয়া আজি কালি ঘোষণা কাৰ্যসূচী উন্নয়ন প্ৰকল্প জনসাধাৰণ অসম বাণী বাতৰি প্ৰতিবেদন চৰকাৰ ৰাজ্য জিলা সভা বিষয়া আজি কালি ঘোষণা কাৰ্যসূচী উন্নয়ন প্ৰকল্প জনসাধাৰণ অসম বাণী বাতৰি প্ৰতিবেদন চৰকাৰ ৰাজ্য জিলা সভা বিষয়া আজি কালি ঘোষণা কাৰ্যসূচী উন্নয়ন প্ৰকল্প জনসাধাৰণ অসম বাণী বাতৰি প্ৰতিবেদন চৰকাৰ ৰাজ্য জিলা সভা বিষয়া আজি কালি ঘোষণা কাৰ্যসূচী উন্নয়ন প্ৰকল্প জনসাধাৰণ অসম বাণী বাতৰি প্ৰতিবেদন চৰকাৰ ৰাজ্য জিলা সভা বিষয়া আজি কালি ঘোষণা কাৰ্যসূচী উন্নয়ন প্ৰকল্প জনসাধাৰণ অসম বাণী বাতৰি প্ৰতিবেদন চৰকাৰ ৰাজ্য জিলা সভা বিষয়া আজি কালি ঘোষণা কাৰ্যসূচী উন্নয়ন প্ৰকল্প জনসাধাৰণ অসম বাণী বাতৰি প্ৰতিবেদন চৰকাৰ ৰাজ্য জিলা সভা বিষয়া আজি কালি ঘোষণা কাৰ্যসূচী উন্নয়ন প্ৰকল্প জনসাধাৰণ অসম বাণী বাতৰি প্ৰতিবেদন চৰকাৰ ৰাজ্য জিলা সভা বিষয়া আজি কালি ঘোষণা কাৰ্যসূচী উন্নয়ন প্ৰকল্প জনসাধাৰণ অসম বাণী বাতৰি প্ৰতিবেদন চৰকাৰ ৰাজ্য জিলা সভা বিষয়া আজি কালি ঘোষণা কাৰ্যসূচী উন্নয়ন প্ৰকল্প জনসাধাৰণ অসম বাণী বাতৰি প্ৰতিবেদন চৰকাৰ ৰাজ্য জিলা সভা বিষয়া আজি কালি ঘোষণা কাৰ্যসূচী উন্নয়ন প্ৰকল্প জনসাধাৰণ অসম বাণী বাতৰি প্ৰতিবেদন চৰকাৰ ৰাজ্য জিলা সভা বিষয়া আজি কালি ঘোষণা কাৰ্যসূচী উন্নয়ন প্ৰকল্প জনসাধাৰণ অসম বাণী বাতৰি প্ৰতিবেদন চৰকাৰ ৰাজ্য জিলা সভা বিষয়া আজি কালি ঘোষণা কাৰ্যসূচী উন্নয়ন প্ৰকল্প জনসাধাৰণ অসম বাণী বাতৰি প্ৰতিবেদন চৰকাৰ ৰাজ্য জিলা সভা বিষয়া আজি কালি ঘোষণা কাৰ্যসূচী উন্নয়ন প্ৰকল্প জনসাধাৰণ অসম বাণী বাতৰি প্ৰতিবেদন চৰকাৰ ৰাজ্য জিলা সভা বিষয়া আজি কালি ঘোষণা কাৰ্যসূচী উন্নয়ন প্ৰকল্প জনসাধাৰণ অসম বাণী বাতৰি প্ৰতিবেদন চৰকাৰ ৰাজ্য জিলা সভা বিষয়া আজি কালি ঘোষণা কাৰ্যসূচী উন্নয়ন প্ৰকল্প জনসাধাৰণ অসম বাণী বাতৰি প্ৰতিবেদন চৰকাৰ ৰাজ্য জিলা সভা বিষয়া আজি কালি ঘোষণা কাৰ্যসূচী উন্নয়ন প্ৰকল্প জনসাধাৰণ অসম বাণী বাতৰি প্ৰতিবেদন চৰকাৰ ৰাজ্য জিলা সভা বিষয়া আজি কালি ঘোষণা কাৰ্যসূচী উন্নয়ন প্ৰকল্প জনসাধাৰণ অসম বাণী বাতৰি প্ৰতিবেদন চৰকাৰ ৰাজ্য জিলা সভা বিষয়া আজি কালি ঘোষণা কাৰ্যসূচী উন্নয়ন প্ৰকল্প জনসাধাৰণ অসম বাণী বাতৰি প্ৰতিবেদন চৰকাৰ ৰাজ্য জিলা সভা বিষয়া আজি কালি ঘোষণা কাৰ্যসূচী উন্নয়ন প্ৰকল্প জনসাধাৰণ অসম বাণী বাতৰি প্ৰতিবেদন চৰকাৰ ৰাজ্য জিলা সভা বিষয়া আজি কালি ঘোষণা কাৰ্যসূচী উন্নয়ন প্ৰকল্প জনসাধাৰণ অসম বাণী বাতৰি প্ৰতিবেদন চৰকাৰ ৰাজ্য জিলা সভা বিষয়া আজি কালি ঘোষণা কাৰ্যসূচী উন্নয়ন প্ৰকল্প জনসাধাৰণ অসম বাণী বাতৰি প্ৰতিবেদন চৰকাৰ ৰাজ্য জিলা সভা বিষয়া আজি কালি ঘোষণা কাৰ্যসূচী উন্নয়ন প্ৰকল্প জনসাধাৰণ অসম বাণী বাতৰি প্ৰতিবেদন চৰকাৰ ৰাজ্য জিলা সভা বিষয়া আজি কালি ঘোষণা কাৰ্যসূচী উন্নয়ন প্ৰকল্প জনসাধাৰণ অসম বাণী বাতৰি প্ৰতিবেদন চৰকাৰ ৰাজ্য জিলা সভা বিষয়া আজি কালি ঘোষণা কাৰ্যসূচী উন্নয়ন প্ৰকল্প জনসাধাৰণ অসম বাণী বাতৰি প্ৰতিবেদন চৰকাৰ ৰাজ্য জিলা সভা বিষয়া আজি কালি ঘোষণা কাৰ্যসূচী উন্নয়ন প্ৰকল্প জনসাধাৰণ অসম বাণী বাতৰি প্ৰতিবেদন চৰকাৰ ৰাজ্য জিলা সভা বিষয়া আজি কালি ঘোষণা কাৰ্যসূচী উন্নয়ন প্ৰকল্প জনসাধাৰণ অসম বাণী বাতৰি প্ৰতিবেদন চৰকাৰ ৰাজ্য জিলা সভা বিষয়া আজি কালি ঘোষণা কাৰ্যসূচী উন্নয়ন প্ৰকল্প জনসাধাৰণ অসম বাণী বাতৰি প্ৰতিবেদন চৰকাৰ ৰাজ্য জিলা সভা বিষয়া আজি কালি ঘোষণা কাৰ্যসূচী উন্নয়ন প্ৰকল্প জনসাধাৰণ অসম বাণী বাতৰি প্ৰতিবেদন চৰকাৰ ৰাজ্য জিলা সভা বিষয়া আজি কালি ঘোষণা কাৰ্যসূচী উন্নয়ন প্ৰকল্প জনসাধাৰণ
সাংসদ গৌৰৱ গগৈৰ উপস্থিতি
অসম বাণী বাতৰি প্ৰতিবেদন চৰকাৰ ৰাজ্য জিলা সভা বিষয়া আজি কালি ঘোষণা কাৰ্যসূচী উন্নয়ন প্ৰকল্প জনসাধাৰণ অসম বাণী বাতৰি প্ৰতিবেদন চৰকাৰ ৰাজ্য জিলা সভা বিষয়া আজি কালি ঘোষণা কাৰ্যসূচী উন্নয়ন প্ৰকল্প জনসাধাৰণ অসম বাণী বাতৰি প্ৰতিবেদন চৰকাৰ ৰাজ্য জিলা সভা বিষয়া আজি কালি ঘোষণা কাৰ্যসূচী উন্নয়ন প্ৰকল্প জনসাধাৰণ অসম বাণী বাতৰি প্ৰতিবেদন চৰকাৰ ৰাজ্য জিলা সভা বিষয়া আজি কালি ঘোষণা কাৰ্যসূচী উন্নয়ন প্ৰকল্প জনসাধাৰণ অসম বাণী বাতৰি প্ৰতিবেদন চৰকাৰ ৰাজ্য জিলা সভা বিষয়া আজি কালি ঘোষণা কাৰ্যসূচী উন্নয়ন প্ৰকল্প জনসাধাৰণ অসম বাণী বাতৰি প্ৰতিবেদন চৰকাৰ ৰাজ্য জিলা সভা বিষয়া আজি কালি ঘোষণা কাৰ্যসূচী উন্নয়ন প্ৰকল্প জনসাধাৰণ অসম বাণী বাতৰি প্ৰতিবেদন চৰকাৰ ৰাজ্য জিলা সভা বিষয়া আজি কালি ঘোষণা কাৰ্যসূচী উন্নয়ন প্ৰকল্প জনসাধাৰণ অসম বাণী বাতৰি প্ৰতিবেদন চৰকাৰ ৰাজ্য জিলা সভা বিষয়া আজি কালি ঘোষণা কাৰ্যসূচী উন্নয়ন প্ৰকল্প জনসাধাৰণ অসম বাণী বাতৰি প্ৰতিবেদন চৰকাৰ ৰাজ্য জিলা সভা বিষয়া আজি কালি ঘোষণা কাৰ্যসূচী উন্নয়ন প্ৰকল্প জনসাধাৰণ অসম বাণী বাতৰি প্ৰতিবেদন চৰকাৰ ৰাজ্য জিলা সভা বিষয়া আজি কালি ঘোষণা কাৰ্যসূচী উন্নয়ন প্ৰকল্প জনসাধাৰণ অসম বাণী বাতৰি প্ৰতিবেদন চৰকাৰ ৰাজ্য জিলা সভা বিষয়া আজি কালি ঘোষণা কাৰ্যসূচী উন্নয়ন প্ৰকল্প জনসাধাৰণ অসম বাণী বাতৰি প্ৰতিবেদন চৰকাৰ ৰাজ্য জিলা সভা বিষয়া আজি কালি ঘোষণা কাৰ্যসূচী উন্নয়ন প্ৰকল্প জনসাধাৰণ অসম বাণী বাতৰি প্ৰতিবেদন চৰকাৰ ৰাজ্য জিলা সভা বিষয়া আজি কালি ঘোষণা কাৰ্যসূচী উন্নয়ন প্ৰকল্প জনসাধাৰণ অসম বাণী বাতৰি প্ৰতিবেদন চৰকাৰ ৰাজ্য জিলা সভা বিষয়া আজি কালি ঘোষণা কাৰ্যসূচী উন্নয়ন প্ৰকল্প জনসাধাৰণ অসম বাণী বাতৰি প্ৰতিবেদন চৰকাৰ ৰাজ্য জিলা সভা বিষয়া আজি কালি ঘোষণা কাৰ্যসূচী উন্নয়ন প্ৰকল্প জনসাধাৰণ অসম বাণী বাতৰি প্ৰতিবেদন চৰকাৰ ৰাজ্য জিলা সভা বিষয়া আজি কালি ঘোষণা কাৰ্যসূচী উন্নয়ন প্ৰকল্প জনসাধাৰণ অসম বাণী বাতৰি প্ৰতিবেদন চৰকাৰ ৰাজ্য জিলা সভা বিষয়া আজি কালি ঘোষণা কাৰ্যসূচী উন্নয়ন প্ৰকল্প জনসাধাৰণ অসম বাণী বাতৰি প্ৰতিবেদন চৰকাৰ ৰাজ্য জিলা সভা বিষয়া আজি কালি ঘোষণা কাৰ্যসূচী উন্নয়ন প্ৰকল্প জনসাধাৰণ অসম বাণী বাতৰি প্ৰতিবেদন চৰকাৰ ৰাজ্য জিলা সভা বিষয়া আজি কালি ঘোষণা কাৰ্যসূচী উন্নয়ন প্ৰকল্প জনসাধাৰণ অসম বাণী বাতৰি প্ৰতিবেদন চৰকাৰ ৰাজ্য জিলা সভা বিষয়া আজি কালি ঘোষণা কাৰ্যসূচী উন্নয়ন প্ৰকল্প জনসাধাৰণ অসম বাণী বাতৰি প্ৰতিবেদন চৰকাৰ ৰাজ্য জিলা সভা বিষয়া আজি কালি ঘোষণা কাৰ্যসূচী উন্নয়ন প্ৰকল্প জনসাধাৰণ অসম বাণী বাতৰি প্ৰতিবেদন চৰকাৰ ৰাজ্য জিলা সভা বিষয়া আজি কালি ঘোষণা কাৰ্যসূচী উন্নয়ন প্ৰকল্প জনসাধাৰণ অসম বাণী বাতৰি প্ৰতিবেদন চৰকাৰ ৰাজ্য জিলা সভা বিষয়া আজি কালি ঘোষণা কাৰ্যসূচী উন্নয়ন প্ৰকল্প জনসাধাৰণ অসম বাণী বাতৰি প্ৰতিবেদন চৰকাৰ ৰাজ্য জিলা সভা বিষয়া আজি কালি ঘোষণা কাৰ্যসূচী উন্নয়ন প্ৰকল্প জনসাধাৰণ অসম বাণী বাতৰি প্ৰতিবেদন চৰকাৰ ৰাজ্য জিলা সভা বিষয়া আজি কালি ঘোষণা কাৰ্যসূচী উন্নয়ন প্ৰকল্প জনসাধাৰণ অসম বাণী বাতৰি প্ৰতিবেদন চৰকাৰ ৰাজ্য জিলা সভা বিষয়া আজি কালি ঘোষণা কাৰ্যসূচী উন্নয়ন প্ৰকল্প জনসাধাৰণ অসম বাণী বাতৰি প্ৰতিবেদন চৰকাৰ ৰাজ্য জিলা সভা বিষয়া আজি কালি ঘোষণা কাৰ্যসূচী উন্নয়ন প্ৰকল্প জনসাধাৰণ অসম বাণী বাতৰি প্ৰতিবেদন চৰকাৰ ৰাজ্য জিলা সভা বিষয়া আজি কালি ঘোষণা কাৰ্যসূচী উন্নয়ন প্ৰকল্প জনসাধাৰণ অসম বাণী বাতৰি প্ৰতিবেদন চৰকাৰ ৰাজ্য জিলা সভা বিষয়া আজি কালি ঘোষণা কাৰ্যসূচী উন্নয়ন প্ৰকল্প জনসাধাৰণ অসম বাণী বাতৰি প্ৰতিবেদন চৰকাৰ ৰাজ্য জিলা সভা বিষয়া আজি কালি ঘোষণা কাৰ্যসূচী উন্নয়ন প্ৰকল্প জনসাধাৰণ অসম বাণী বাতৰি প্ৰতিবেদন চৰকাৰ ৰাজ্য জিলা সভা বিষয়া আজি কালি ঘোষণা কাৰ্যসূচী উন্নয়ন প্ৰকল্প জনসাধাৰণ অসম বাণী বাতৰি প্ৰতিবেদন চৰকাৰ ৰাজ্য জিলা সভা বিষয়া আজি কালি ঘোষণা কাৰ্যসূচী উন্নয়ন প্ৰকল্প জনসাধাৰণ
গোৱালপাৰাত আগ্নেয়াস্ত্ৰ
অসম বাণী বাতৰি প্ৰতিবেদন চৰকাৰ ৰাজ্য জিলা সভা বিষয়া আজি কালি ঘোষণা কাৰ্যসূচী উন্নয়ন প্ৰকল্প জনসাধাৰণ অসম বাণী বাতৰি প্ৰতিবেদন চৰকাৰ ৰাজ্য জিলা সভা বিষয়া আজি কালি ঘোষণা কাৰ্যসূচী উন্নয়ন প্ৰকল্প জনসাধাৰণ অসম বাণী বাতৰি প্ৰতিবেদন চৰকাৰ ৰাজ্য জিলা সভা বিষয়া আজি কালি ঘোষণা কাৰ্যসূচী উন্নয়ন প্ৰকল্প জনসাধাৰণ অসম বাণী বাতৰি প্ৰতিবেদন চৰকাৰ ৰাজ্য জিলা সভা বিষয়া আজি কালি ঘোষণা কাৰ্যসূচী উন্নয়ন প্ৰকল্প জনসাধাৰণ অসম বাণী বাতৰি প্ৰতিবেদন চৰকাৰ ৰাজ্য জিলা সভা বিষয়া আজি কালি ঘোষণা কাৰ্যসূচী উন্নয়ন প্ৰকল্প জনসাধাৰণ অসম বাণী বাতৰি প্ৰতিবেদন চৰকাৰ ৰাজ্য জিলা সভা বিষয়া আজি কালি ঘোষণা কাৰ্যসূচী উন্নয়ন প্ৰকল্প জনসাধাৰণ অসম বাণী বাতৰি প্ৰতিবেদন চৰকাৰ ৰাজ্য জিলা সভা বিষয়া আজি কালি ঘোষণা কাৰ্যসূচী উন্নয়ন প্ৰকল্প জনসাধাৰণ অসম বাণী বাতৰি প্ৰতিবেদন চৰকাৰ ৰাজ্য জিলা সভা বিষয়া আজি কালি ঘোষণা কাৰ্যসূচী উন্নয়ন প্ৰকল্প জনসাধাৰণ অসম বাণী বাতৰি প্ৰতিবেদন চৰকাৰ ৰাজ্য জিলা সভা বিষয়া আজি কালি ঘোষণা কাৰ্যসূচী উন্নয়ন প্ৰকল্প জনসাধাৰণ অসম বাণী বাতৰি প্ৰতিবেদন চৰকাৰ ৰাজ্য জিলা সভা বিষয়া আজি কালি ঘোষণা কাৰ্যসূচী উন্নয়ন প্ৰকল্প জনসাধাৰণ অসম বাণী বাতৰি প্ৰতিবেদন চৰকাৰ ৰাজ্য জিলা সভা বিষয়া আজি কালি ঘোষণা কাৰ্যসূচী উন্নয়ন প্ৰকল্প জনসাধাৰণ অসম বাণী বাতৰি প্ৰতিবেদন চৰকাৰ ৰাজ্য জিলা সভা বিষয়া আজি কালি ঘোষণা কাৰ্যসূচী উন্নয়ন প্ৰকল্প জনসাধাৰণ অসম বাণী বাতৰি প্ৰতিবেদন চৰকাৰ ৰাজ্য জিলা সভা বিষয়া আজি কালি ঘোষণা কাৰ্যসূচী উন্নয়ন প্ৰকল্প জনসাধাৰণ অসম বাণী বাতৰি প্ৰতিবেদন চৰকাৰ ৰাজ্য জিলা সভা বিষয়া আজি কালি ঘোষণা কাৰ্যসূচী উন্নয়ন প্ৰকল্প জনসাধাৰণ অসম বাণী বাতৰি প্ৰতিবেদন চৰকাৰ ৰাজ্য জিলা সভা বিষয়া আজি কালি ঘোষণা কাৰ্যসূচী উন্নয়ন প্ৰকল্প জনসাধাৰণ অসম বাণী বাতৰি প্ৰতিবেদন চৰকাৰ ৰাজ্য জিলা সভা বিষয়া আজি কালি ঘোষণা কাৰ্যসূচী উন্নয়ন প্ৰকল্প জনসাধাৰণ অসম বাণী বাতৰি প্ৰতিবেদন চৰকাৰ ৰাজ্য জিলা সভা বিষয়া আজি কালি ঘোষণা কাৰ্যসূচী উন্নয়ন প্ৰকল্প জনসাধাৰণ অসম বাণী বাতৰি প্ৰতিবেদন চৰকাৰ ৰাজ্য জিলা সভা বিষয়া আজি কালি ঘোষণা কাৰ্যসূচী উন্নয়ন প্ৰকল্প জনসাধাৰণ
নতুন দিল্লীত প্ৰধানমন্ত্ৰীৰ সুৰক্ষা
অসম বাণী বাতৰি প্ৰতিবেদন চৰকাৰ ৰাজ্য জিলা সভা বিষয়া আজি কালি ঘোষণা কাৰ্যসূচী উন্নয়ন প্ৰকল্প জনসাধাৰণ অসম বাণী বাতৰি প্ৰতিবেদন চৰকাৰ ৰাজ্য জিলা সভা বিষয়া আজি কালি ঘোষণা কাৰ্যসূচী উন্নয়ন প্ৰকল্প জনসাধাৰণ অসম বাণী বাতৰি প্ৰতিবেদন চৰকাৰ ৰাজ্য জিলা সভা বিষয়া আজি কালি ঘোষণা কাৰ্যসূচী উন্নয়ন প্ৰকল্প জনসাধাৰণ অসম বাণী বাতৰি প্ৰতিবেদন চৰকাৰ ৰাজ্য জিলা সভা বিষয়া আজি কালি ঘোষণা কাৰ্যসূচী উন্নয়ন প্ৰকল্প জনসাধাৰণ অসম বাণী বাতৰি প্ৰতিবেদন চৰকাৰ ৰাজ্য জিলা সভা বিষয়া আজি কালি ঘোষণা কাৰ্যসূচী উন্নয়ন প্ৰকল্প জনসাধাৰণ অসম বাণী বাতৰি প্ৰতিবেদন চৰকাৰ ৰাজ্য জিলা সভা বিষয়া আজি কালি ঘোষণা কাৰ্যসূচী উন্নয়ন প্ৰকল্প জনসাধাৰণ অসম বাণী বাতৰি প্ৰতিবেদন চৰকাৰ ৰাজ্য জিলা সভা বিষয়া আজি কালি ঘোষণা কাৰ্যসূচী উন্নয়ন প্ৰকল্প জনসাধাৰণ অসম বাণী বাতৰি প্ৰতিবেদন চৰকাৰ ৰাজ্য জিলা সভা বিষয়া আজি কালি ঘোষণা কাৰ্যসূচী উন্নয়ন প্ৰকল্প জনসাধাৰণ অসম বাণী বাতৰি প্ৰতিবেদন চৰকাৰ ৰাজ্য জিলা সভা বিষয়া আজি কালি ঘোষণা কাৰ্যসূচী উন্নয়ন প্ৰকল্প জনসাধাৰণ অসম বাণী বাতৰি প্ৰতিবেদন চৰকাৰ ৰাজ্য জিলা সভা বিষয়া আজি কালি ঘোষণা কাৰ্যসূচী উন্নয়ন প্ৰকল্প জনসাধাৰণ অসম বাণী বাতৰি প্ৰতিবেদন চৰকাৰ ৰাজ্য জিলা সভা বিষয়া আজি কালি ঘোষণা কাৰ্যসূচী উন্নয়ন প্ৰকল্প জনসাধাৰণ অসম বাণী বাতৰি প্ৰতিবেদন চৰকাৰ ৰাজ্য জিলা সভা বিষয়া আজি কালি ঘোষণা কাৰ্যসূচী উন্নয়ন প্ৰকল্প জনসাধাৰণ অসম বাণী বাতৰি প্ৰতিবেদন চৰকাৰ ৰাজ্য জিলা সভা বিষয়া আজি কালি ঘোষণা কাৰ্যসূচী উন্নয়ন প্ৰকল্প জনসাধাৰণ অসম বাণী বাতৰি প্ৰতিবেদন চৰকাৰ ৰাজ্য জিলা সভা বিষয়া আজি কালি ঘোষণা কাৰ্যসূচী উন্নয়ন প্ৰকল্প জনসাধাৰণ অসম বাণী বাতৰি প্ৰতিবেদন চৰকাৰ ৰাজ্য জিলা সভা বিষয়া আজি কালি ঘোষণা কাৰ্যসূচী উন্নয়ন প্ৰকল্প জনসাধাৰণ অসম বাণী বাতৰি প্ৰতিবেদন চৰকাৰ ৰাজ্য জিলা সভা বিষয়া আজি কালি ঘোষণা কাৰ্যসূচী উন্নয়ন প্ৰকল্প জনসাধাৰণ অসম বাণী বাতৰি প্ৰতিবেদন চৰকাৰ ৰাজ্য জিলা সভা বিষয়া আজি কালি ঘোষণা কাৰ্যসূচী উন্নয়ন প্ৰকল্প জনসাধাৰণ অসম বাণী বাতৰি প্ৰতিবেদন চৰকাৰ ৰাজ্য জিলা সভা বিষয়া আজি কালি ঘোষণা কাৰ্যসূচী উন্নয়ন প্ৰকল্প জনসাধাৰণ অসম বাণী বাতৰি প্ৰতিবেদন চৰকাৰ ৰাজ্য জিলা সভা বিষয়া আজি কালি ঘোষণা কাৰ্যসূচী উন্নয়ন প্ৰকল্প জনসাধাৰণ অসম বাণী বাতৰি প্ৰতিবেদন চৰকাৰ ৰাজ্য জিলা সভা বিষয়া আজি কালি ঘোষণা কাৰ্যসূচী উন্নয়ন প্ৰকল্প জনসাধাৰণ অসম বাণী বাতৰি প্ৰতিবেদন চৰকাৰ ৰাজ্য জিলা সভা বিষয়া আজি কালি ঘোষণা কাৰ্যসূচী উন্নয়ন প্ৰকল্প জনসাধাৰণ অসম বাণী বাতৰি প্ৰতিবেদন চৰকাৰ ৰাজ্য জিলা সভা বিষয়া আজি কালি ঘোষণা কাৰ্যসূচী উন্নয়ন প্ৰকল্প জনসাধাৰণ অসম বাণী বাতৰি প্ৰতিবেদন চৰকাৰ ৰাজ্য জিলা সভা বিষয়া আজি কালি ঘোষণা কাৰ্যসূচী উন্নয়ন প্ৰকল্প জনসাধাৰণ অসম বাণী বাতৰি প্ৰতিবেদন চৰকাৰ ৰাজ্য জিলা সভা বিষয়া আজি কালি ঘোষণা কাৰ্যসূচী উন্নয়ন প্ৰকল্প জনসাধাৰণ অসম বাণী বাতৰি প্ৰতিবেদন চৰকাৰ ৰাজ্য জিলা সভা বিষয়া আজি কালি ঘোষণা কাৰ্যসূচী উন্নয়ন প্ৰকল্প জনসাধাৰণ অসম বাণী বাতৰি প্ৰতিবেদন চৰকাৰ ৰাজ্য জিলা সভা বিষয়া আজি কালি ঘোষণা কাৰ্যসূচী উন্নয়ন প্ৰকল্প জনসাধাৰণ অসম বাণী বাতৰি প্ৰতিবেদন চৰকাৰ ৰাজ্য জিলা সভা বিষয়া আজি কালি ঘোষণা কাৰ্যসূচী উন্নয়ন প্ৰকল্প জনসাধাৰণ অসম বাণী বাতৰি প্ৰতিবেদন চৰকাৰ ৰাজ্য জিলা সভা বিষয়া আজি কালি ঘোষণা কাৰ্যসূচী উন্নয়ন প্ৰকল্প জনসাধাৰণ অসম বাণী বাতৰি প্ৰতিবেদন চৰকাৰ ৰাজ্য জিলা সভা বিষয়া আজি কালি ঘোষণা কাৰ্যসূচী উন্নয়ন প্ৰকল্প জনসাধাৰণ অসম বাণী বাতৰি প্ৰতিবেদন চৰকাৰ ৰাজ্য জিলা সভা বিষয়া আজি কালি ঘোষণা কাৰ্যসূচী উন্নয়ন প্ৰকল্প জনসাধাৰণ অসম বাণী বাতৰি প্ৰতিবেদন চৰকাৰ ৰাজ্য জিলা সভা বিষয়া আজি কালি ঘোষণা কাৰ্যসূচী উন্নয়ন প্ৰকল্প জনসাধাৰণ অসম বাণী বাতৰি প্ৰতিবেদন চৰকাৰ ৰাজ্য জিলা সভা বিষয়া আজি কালি ঘোষণা কাৰ্যসূচী উন্নয়ন প্ৰকল্প জনসাধাৰণ
মৈৰাবাৰীৰ আৰ্থৰ কাহিনী
অসম বাণী বাতৰি প্ৰতিবেদন চৰকাৰ ৰাজ্য জিলা সভা বিষয়া আজি কালি ঘোষণা কাৰ্যসূচী উন্নয়ন প্ৰকল্প জনসাধাৰণ অসম বাণী বাতৰি প্ৰতিবেদন চৰকাৰ ৰাজ্য জিলা সভা বিষয়া আজি কালি ঘোষণা কাৰ্যসূচী উন্নয়ন প্ৰকল্প জনসাধাৰণ অসম বাণী বাতৰি প্ৰতিবেদন চৰকাৰ ৰাজ্য জিলা সভা বিষয়া আজি কালি ঘোষণা কাৰ্যসূচী উন্নয়ন প্ৰকল্প জনসাধাৰণ অসম বাণী বাতৰি প্ৰতিবেদন চৰকাৰ ৰাজ্য জিলা সভা বিষয়া আজি কালি ঘোষণা কাৰ্যসূচী উন্নয়ন প্ৰকল্প জনসাধাৰণ অসম বাণী বাতৰি প্ৰতিবেদন চৰকাৰ ৰাজ্য জিলা সভা বিষয়া আজি কালি ঘোষণা কাৰ্যসূচী উন্নয়ন প্ৰকল্প জনসাধাৰণ অসম বাণী বাতৰি প্ৰতিবেদন চৰকাৰ ৰাজ্য জিলা সভা বিষয়া আজি কালি ঘোষণা কাৰ্যসূচী উন্নয়ন প্ৰকল্প জনসাধাৰণ অসম বাণী বাতৰি প্ৰতিবেদন চৰকাৰ ৰাজ্য জিলা সভা বিষয়া আজি কালি ঘোষণা কাৰ্যসূচী উন্নয়ন প্ৰকল্প জনসাধাৰণ অসম বাণী বাতৰি প্ৰতিবেদন চৰকাৰ ৰাজ্য জিলা সভা বিষয়া আজি কালি ঘোষণা কাৰ্যসূচী উন্নয়ন প্ৰকল্প জনসাধাৰণ অসম বাণী বাতৰি প্ৰতিবেদন চৰকাৰ ৰাজ্য জিলা সভা বিষয়া আজি কালি ঘোষণা কাৰ্যসূচী উন্নয়ন প্ৰকল্প জনসাধাৰণ অসম বাণী বাতৰি প্ৰতিবেদন চৰকাৰ ৰাজ্য জিলা সভা বিষয়া আজি কালি ঘোষণা কাৰ্যসূচী উন্নয়ন প্ৰকল্প জনসাধাৰণ অসম বাণী বাতৰি প্ৰতিবেদন চৰকাৰ ৰাজ্য জিলা সভা বিষয়া আজি কালি ঘোষণা কাৰ্যসূচী উন্নয়ন প্ৰকল্প জনসাধাৰণ অসম বাণী বাতৰি প্ৰতিবেদন চৰকাৰ ৰাজ্য জিলা সভা বিষয়া আজি কালি ঘোষণা কাৰ্যসূচী উন্নয়ন প্ৰকল্প জনসাধাৰণ অসম বাণী বাতৰি প্ৰতিবেদন চৰকাৰ ৰাজ্য জিলা সভা বিষয়া আজি কালি ঘোষণা কাৰ্যসূচী উন্নয়ন প্ৰকল্প জনসাধাৰণ অসম বাণী বাতৰি প্ৰতিবেদন চৰকাৰ ৰাজ্য জিলা সভা বিষয়া আজি কালি ঘোষণা কাৰ্যসূচী উন্নয়ন প্ৰকল্প জনসাধাৰণ অসম বাণী বাতৰি প্ৰতিবেদন চৰকাৰ ৰাজ্য জিলা সভা বিষয়া আজি কালি ঘোষণা কাৰ্যসূচী উন্নয়ন প্ৰকল্প জনসাধাৰণ অসম বাণী বাতৰি প্ৰতিবেদন চৰকাৰ ৰাজ্য জিলা সভা বিষয়া আজি কালি ঘোষণা কাৰ্যসূচী উন্নয়ন প্ৰকল্প জনসাধাৰণ অসম বাণী বাতৰি প্ৰতিবেদন চৰকাৰ ৰাজ্য জিলা সভা বিষয়া আজি কালি ঘোষণা কাৰ্যসূচী উন্নয়ন প্ৰকল্প জনসাধাৰণ অসম বাণী বাতৰি প্ৰতিবেদন চৰকাৰ ৰাজ্য জিলা সভা বিষয়া আজি কালি ঘোষণা কাৰ্যসূচী উন্নয়ন প্ৰকল্প জনসাধাৰণ অসম বাণী বাতৰি প্ৰতিবেদন চৰকাৰ ৰাজ্য জিলা সভা বিষয়া আজি কালি ঘোষণা কাৰ্যসূচী উন্নয়ন প্ৰকল্প জনসাধাৰণ অসম বাণী বাতৰি প্ৰতিবেদন চৰকাৰ ৰাজ্য জিলা সভা বিষয়া আজি কালি ঘোষণা কাৰ্যসূচী উন্নয়ন প্ৰকল্প জনসাধাৰণ
শীঘ্ৰেই দেশৰ তৃতীয়টো ডিফেন্স
অসম বাণী বাতৰি প্ৰতিবেদন চৰকাৰ ৰাজ্য জিলা সভা বিষয়া আজি কালি ঘোষণা কাৰ্যসূচী উন্নয়ন প্ৰকল্প জনসাধাৰণ অসম বাণী বাতৰি প্ৰতিবেদন চৰকাৰ ৰাজ্য জিলা সভা বিষয়া আজি কালি ঘোষণা কাৰ্যসূচী উন্নয়ন প্ৰকল্প জনসাধাৰণ অসম বাণী বাতৰি প্ৰতিবেদন চৰকাৰ ৰাজ্য জিলা সভা বিষয়া আজি কালি ঘোষণা কাৰ্যসূচী উন্নয়ন প্ৰকল্প জনসাধাৰণ অসম বাণী বাতৰি প্ৰতিবেদন চৰকাৰ ৰাজ্য জিলা সভা বিষয়া আজি কালি ঘোষণা কাৰ্যসূচী উন্নয়ন প্ৰকল্প জনসাধাৰণ অসম বাণী বাতৰি প্ৰতিবেদন চৰকাৰ ৰাজ্য জিলা সভা বিষয়া আজি কালি ঘোষণা কাৰ্যসূচী উন্নয়ন প্ৰকল্প জনসাধাৰণ অসম বাণী বাতৰি প্ৰতিবেদন চৰকাৰ ৰাজ্য জিলা সভা বিষয়া আজি কালি ঘোষণা কাৰ্যসূচী উন্নয়ন প্ৰকল্প জনসাধাৰণ অসম বাণী বাতৰি প্ৰতিবেদন চৰকাৰ ৰাজ্য জিলা সভা বিষয়া আজি কালি ঘোষণা কাৰ্যসূচী উন্নয়ন প্ৰকল্প জনসাধাৰণ অসম বাণী বাতৰি প্ৰতিবেদন চৰকাৰ ৰাজ্য জিলা সভা বিষয়া আজি কালি ঘোষণা কাৰ্যসূচী উন্নয়ন প্ৰকল্প জনসাধাৰণ অসম বাণী বাতৰি প্ৰতিবেদন চৰকাৰ ৰাজ্য জিলা সভা বিষয়া আজি কালি ঘোষণা কাৰ্যসূচী উন্নয়ন প্ৰকল্প জনসাধাৰণ অসম বাণী বাতৰি প্ৰতিবেদন চৰকাৰ ৰাজ্য জিলা সভা বিষয়া আজি কালি ঘোষণা কাৰ্যসূচী উন্নয়ন প্ৰকল্প জনসাধাৰণ অসম বাণী বাতৰি প্ৰতিবেদন চৰকাৰ ৰাজ্য জিলা সভা বিষয়া আজি কালি ঘোষণা কাৰ্যসূচী উন্নয়ন প্ৰকল্প জনসাধাৰণ অসম বাণী বাতৰি প্ৰতিবেদন চৰকাৰ ৰাজ্য জিলা সভা বিষয়া আজি কালি ঘোষণা কাৰ্যসূচী উন্নয়ন প্ৰকল্প জনসাধাৰণ অসম বাণী বাতৰি প্ৰতিবেদন চৰকাৰ ৰাজ্য জিলা সভা বিষয়া আজি কালি ঘোষণা কাৰ্যসূচী উন্নয়ন প্ৰকল্প জনসাধাৰণ অসম বাণী বাতৰি প্ৰতিবেদন চৰকাৰ ৰাজ্য জিলা সভা বিষয়া আজি কালি ঘোষণা কাৰ্যসূচী উন্নয়ন প্ৰকল্প জনসাধাৰণ অসম বাণী বাতৰি প্ৰতিবেদন চৰকাৰ ৰাজ্য জিলা সভা বিষয়া আজি কালি ঘোষণা কাৰ্যসূচী উন্নয়ন প্ৰকল্প জনসাধাৰণ অসম বাণী বাতৰি প্ৰতিবেদন চৰকাৰ ৰাজ্য জিলা সভা বিষয়া আজি কালি ঘোষণা কাৰ্যসূচী উন্নয়ন প্ৰকল্প জনসাধাৰণ অসম বাণী বাতৰি প্ৰতিবেদন চৰকাৰ ৰাজ্য জিলা সভা বিষয়া আজি কালি ঘোষণা কাৰ্যসূচী উন্নয়ন প্ৰকল্প জনসাধাৰণ অসম বাণী বাতৰি প্ৰতিবেদন চৰকাৰ ৰাজ্য জিলা সভা বিষয়া আজি কালি ঘোষণা কাৰ্যসূচী উন্নয়ন প্ৰকল্প জনসাধাৰণ অসম বাণী বাতৰি প্ৰতিবেদন চৰকাৰ ৰাজ্য জিলা সভা বিষয়া আজি কালি ঘোষণা কাৰ্যসূচী উন্নয়ন প্ৰকল্প জনসাধাৰণ অসম বাণী বাতৰি প্ৰতিবেদন চৰকাৰ ৰাজ্য জিলা সভা বিষয়া আজি কালি ঘোষণা কাৰ্যসূচী উন্নয়ন প্ৰকল্প জনসাধাৰণ অসম বাণী বাতৰি প্ৰতিবেদন চৰকাৰ ৰাজ্য জিলা সভা বিষয়া আজি কালি ঘোষণা কাৰ্যসূচী উন্নয়ন প্ৰকল্প জনসাধাৰণ অসম বাণী বাতৰি প্ৰতিবেদন চৰকাৰ ৰাজ্য জিলা সভা বিষয়া আজি কালি ঘোষণা কাৰ্যসূচী উন্নয়ন প্ৰকল্প জনসাধাৰণ অসম বাণী বাতৰি প্ৰতিবেদন চৰকাৰ ৰাজ্য জিলা সভা বিষয়া আজি কালি ঘোষণা কাৰ্যসূচী উন্নয়ন প্ৰকল্প জনসাধাৰণ অসম বাণী বাতৰি প্ৰতিবেদন চৰকাৰ ৰাজ্য জিলা সভা বিষয়া আজি কালি ঘোষণা কাৰ্যসূচী উন্নয়ন প্ৰকল্প জনসাধাৰণ অসম বাণী বাতৰি প্ৰতিবেদন চৰকাৰ ৰাজ্য জিলা সভা বিষয়া আজি কালি ঘোষণা কাৰ্যসূচী উন্নয়ন প্ৰকল্প জনসাধাৰণ অসম বাণী বাতৰি প্ৰতিবেদন চৰকাৰ ৰাজ্য জিলা সভা বিষয়া আজি কালি ঘোষণা কাৰ্যসূচী উন্নয়ন প্ৰকল্প জনসাধাৰণ অসম বাণী বাতৰি প্ৰতিবেদন চৰকাৰ ৰাজ্য জিলা সভা বিষয়া আজি কালি ঘোষণা কাৰ্যসূচী উন্নয়ন প্ৰকল্প জনসাধাৰণ অসম বাণী বাতৰি প্ৰতিবেদন চৰকাৰ ৰাজ্য জিলা সভা বিষয়া আজি কালি ঘোষণা কাৰ্যসূচী উন্নয়ন প্ৰকল্প জনসাধাৰণ অসম বাণী বাতৰি প্ৰতিবেদন চৰকাৰ ৰাজ্য জিলা সভা বিষয়া আজি কালি ঘোষণা কাৰ্যসূচী উন্নয়ন প্ৰকল্প জনসাধাৰণ অসম বাণী বাতৰি প্ৰতিবেদন চৰকাৰ ৰাজ্য জিলা সভা বিষয়া আজি কালি ঘোষণা কাৰ্যসূচী উন্নয়ন প্ৰকল্প জনসাধাৰণ অসম বাণী বাতৰি প্ৰতিবেদন চৰকাৰ ৰাজ্য জিলা সভা বিষয়া আজি কালি ঘোষণা কাৰ্যসূচী উন্নয়ন প্ৰকল্প জনসাধাৰণ অসম বাণী বাতৰি প্ৰতিবেদন চৰকাৰ ৰাজ্য জিলা সভা বিষয়া আজি কালি ঘোষণা কাৰ্যসূচী উন্নয়ন প্ৰকল্প জনসাধাৰণ অসম বাণী বাতৰি প্ৰতিবেদন চৰকাৰ ৰাজ্য জিলা সভা বিষয়া আজি কালি ঘোষণা কাৰ্যসূচী উন্নয়ন প্ৰকল্প জনসাধাৰণ অসম বাণী বাতৰি প্ৰতিবেদন চৰকাৰ ৰাজ্য জিলা সভা বিষয়া আজি কালি ঘোষণা কাৰ্যসূচী উন্নয়ন প্ৰকল্প জনসাধাৰণ অসম বাণী বাতৰি প্ৰতিবেদন চৰকাৰ ৰাজ্য জিলা সভা বিষয়া আজি কালি ঘোষণা কাৰ্যসূচী উন্নয়ন প্ৰকল্প জনসাধাৰণ অসম বাণী বাতৰি প্ৰতিবেদন চৰকাৰ ৰাজ্য জিলা সভা বিষয়া আজি কালি ঘোষণা কাৰ্যসূচী উন্নয়ন প্ৰকল্প জনসাধাৰণ অসম বাণী বাতৰি প্ৰতিবেদন চৰকাৰ ৰাজ্য জিলা সভা বিষয়া আজি কালি ঘোষণা কাৰ্যসূচী উন্নয়ন প্ৰকল্প জনসাধাৰণ অসম বাণী বাতৰি প্ৰতিবেদন চৰকাৰ ৰাজ্য জিলা সভা বিষয়া আজি কালি ঘোষণা কাৰ্যসূচী উন্নয়ন প্ৰকল্প জনসাধাৰণ অসম বাণী বাতৰি প্ৰতিবেদন চৰকাৰ ৰাজ্য জিলা সভা বিষয়া আজি কালি ঘোষণা কাৰ্যসূচী উন্নয়ন প্ৰকল্প জনসাধাৰণ অসম বাণী বাতৰি প্ৰতিবেদন চৰকাৰ ৰাজ্য জিলা সভা বিষয়া আজি কালি ঘোষণা কাৰ্যসূচী উন্নয়ন প্ৰকল্প জনসাধাৰণ অসম বাণী বাতৰি প্ৰতিবেদন চৰকাৰ ৰাজ্য জিলা সভা বিষয়া আজি কালি ঘোষণা কাৰ্যসূচী উন্নয়ন প্ৰকল্প জনসাধাৰণ অসম বাণী বাতৰি প্ৰতিবেদন চৰকাৰ ৰাজ্য জিলা সভা বিষয়া আজি কালি ঘোষণা কাৰ্যসূচী উন্নয়ন প্ৰকল্প জনসাধাৰণ অসম বাণী বাতৰি প্ৰতিবেদন চৰকাৰ ৰাজ্য জিলা সভা বিষয়া আজি কালি ঘোষণা কাৰ্যসূচী উন্নয়ন প্ৰকল্প জনসাধাৰণ অসম বাণী বাতৰি প্ৰতিবেদন চৰকাৰ ৰাজ্য জিলা সভা বিষয়া আজি কালি ঘোষণা কাৰ্যসূচী উন্নয়ন প্ৰকল্প জনসাধাৰণ অসম বাণী বাতৰি প্ৰতিবেদন চৰকাৰ ৰাজ্য জিলা সভা বিষয়া আজি কালি ঘোষণা কাৰ্যসূচী উন্নয়ন প্ৰকল্প জনসাধাৰণ অসম বাণী বাতৰি প্ৰতিবেদন চৰকাৰ ৰাজ্য জিলা সভা বিষয়া আজি কালি ঘোষণা কাৰ্যসূচী উন্নয়ন প্ৰকল্প জনসাধাৰণ অসম বাণী বাতৰি প্ৰতিবেদন চৰকাৰ ৰাজ্য জিলা সভা বিষয়া আজি কালি ঘোষণা কাৰ্যসূচী উন্নয়ন প্ৰকল্প জনসাধাৰণ অসম বাণী বাতৰি প্ৰতিবেদন চৰকাৰ ৰাজ্য জিলা সভা বিষয়া আজি কালি ঘোষণা কাৰ্যসূচী উন্নয়ন প্ৰকল্প জনসাধাৰণ অসম বাণী বাতৰি প্ৰতিবেদন চৰকাৰ ৰাজ্য জিলা সভা বিষয়া আজি কালি ঘোষণা কাৰ্যসূচী উন্নয়ন প্ৰকল্প জনসাধাৰণ অসম বাণী বাতৰি প্ৰতিবেদন চৰকাৰ ৰাজ্য জিলা সভা বিষয়া আজি কালি ঘোষণা কাৰ্যসূচী উন্নয়ন প্ৰকল্প জনসাধাৰণ অসম বাণী বাতৰি প্ৰতিবেদন চৰকাৰ ৰাজ্য জিলা সভা বিষয়া আজি কালি ঘোষণা কাৰ্যসূচী উন্নয়ন প্ৰকল্প জনসাধাৰণ অসম বাণী বাতৰি প্ৰতিবেদন চৰকাৰ ৰাজ্য জিলা সভা বিষয়া আজি কালি ঘোষণা কাৰ্যসূচী উন্নয়ন প্ৰকল্প জনসাধাৰণ অসম বাণী বাতৰি প্ৰতিবেদন চৰকাৰ ৰাজ্য জিলা সভা বিষয়া আজি কালি ঘোষণা কাৰ্যসূচী উন্নয়ন প্ৰকল্প জনসাধাৰণ অসম বাণী বাতৰি প্ৰতিবেদন চৰকাৰ ৰাজ্য জিলা সভা বিষয়া আজি কালি ঘোষণা কাৰ্যসূচী উন্নয়ন প্ৰকল্প জনসাধাৰণ অসম বাণী বাতৰি প্ৰতিবেদন চৰকাৰ ৰাজ্য জিলা সভা বিষয়া আজি কালি ঘোষণা কাৰ্যসূচী উন্নয়ন প্ৰকল্প জনসাধাৰণ অসম বাণী বাতৰি প্ৰতিবেদন চৰকাৰ ৰাজ্য জিলা সভা বিষয়া আজি কালি ঘোষণা কাৰ্যসূচী উন্নয়ন প্ৰকল্প জনসাধাৰণ অসম বাণী বাতৰি প্ৰতিবেদন চৰকাৰ ৰাজ্য জিলা সভা বিষয়া আজি কালি ঘোষণা কাৰ্যসূচী উন্নয়ন প্ৰকল্প জনসাধাৰণ অসম বাণী বাতৰি প্ৰতিবেদন চৰকাৰ ৰাজ্য জিলা সভা বিষয়া আজি কালি ঘোষণা কাৰ্যসূচী উন্নয়ন প্ৰকল্প জনসাধাৰণ অসম বাণী বাতৰি প্ৰতিবেদন চৰকাৰ ৰাজ্য জিলা সভা বিষয়া আজি কালি ঘোষণা কাৰ্যসূচী উন্নয়ন প্ৰকল্প জনসাধাৰণ অসম বাণী বাতৰি প্ৰতিবেদন চৰকাৰ ৰাজ্য জিলা সভা বিষয়া আজি কালি ঘোষণা কাৰ্যসূচী উন্নয়ন প্ৰকল্প জনসাধাৰণ অসম বাণী বাতৰি প্ৰতিবেদন চৰকাৰ ৰাজ্য জিলা সভা বিষয়া আজি কালি ঘোষণা কাৰ্যসূচী উন্নয়ন প্ৰকল্প জনসাধাৰণ অসম বাণী বাতৰি প্ৰতিবেদন চৰকাৰ ৰাজ্য জিলা সভা বিষয়া আজি কালি ঘোষণা কাৰ্যসূচী উন্নয়ন প্ৰকল্প জনসাধাৰণ অসম বাণী বাতৰি প্ৰতিবেদন চৰকাৰ ৰাজ্য জিলা সভা বিষয়া আজি কালি ঘোষণা কাৰ্যসূচী উন্নয়ন প্ৰকল্প জনসাধাৰণ অসম বাণী বাতৰি প্ৰতিবেদন চৰকাৰ ৰাজ্য জিলা সভা বিষয়া আজি কালি ঘোষণা কাৰ্যসূচী উন্নয়ন প্ৰকল্প জনসাধাৰণ অসম বাণী বাতৰি প্ৰতিবেদন চৰকাৰ ৰাজ্য জিলা সভা বিষয়া আজি কালি ঘোষণা কাৰ্যসূচী উন্নয়ন প্ৰকল্প জনসাধাৰণ অসম বাণী বাতৰি প্ৰতিবেদন চৰকাৰ ৰাজ্য জিলা সভা বিষয়া আজি কালি ঘোষণা কাৰ্যসূচী উন্নয়ন প্ৰকল্প জনসাধাৰণ অসম বাণী বাতৰি প্ৰতিবেদন চৰকাৰ ৰাজ্য জিলা সভা বিষয়া আজি কালি ঘোষণা কাৰ্যসূচী উন্নয়ন প্ৰকল্প জনসাধাৰণ অসম বাণী বাতৰি প্ৰতিবেদন চৰকাৰ ৰাজ্য জিলা সভা বিষয়া আজি কালি ঘোষণা কাৰ্যসূচী উন্নয়ন প্ৰকল্প জনসাধাৰণ অসম বাণী বাতৰি প্ৰতিবেদন চৰকাৰ ৰাজ্য জিলা সভা বিষয়া আজি কালি ঘোষণা কাৰ্যসূচী উন্নয়ন প্ৰকল্প জনসাধাৰণ অসম বাণী বাতৰি প্ৰতিবেদন চৰকাৰ ৰাজ্য জিলা সভা বিষয়া আজি কালি ঘোষণা কাৰ্যসূচী উন্নয়ন প্ৰকল্প জনসাধাৰণ অসম বাণী বাতৰি প্ৰতিবেদন চৰকাৰ ৰাজ্য জিলা সভা বিষয়া আজি কালি ঘোষণা কাৰ্যসূচী উন্নয়ন প্ৰকল্প জনসাধাৰণ অসম বাণী বাতৰি প্ৰতিবেদন চৰকাৰ ৰাজ্য জিলা সভা বিষয়া আজি কালি ঘোষণা কাৰ্যসূচী উন্নয়ন প্ৰকল্প জনসাধাৰণ অসম বাণী বাতৰি প্ৰতিবেদন চৰকাৰ ৰাজ্য জিলা সভা বিষয়া আজি কালি ঘোষণা কাৰ্যসূচী উন্নয়ন প্ৰকল্প জনসাধাৰণ অসম বাণী বাতৰি প্ৰতিবেদন চৰকাৰ ৰাজ্য জিলা সভা বিষয়া আজি কালি ঘোষণা কাৰ্যসূচী উন্নয়ন প্ৰকল্প জনসাধাৰণ অসম বাণী বাতৰি প্ৰতিবেদন চৰকাৰ ৰাজ্য জিলা সভা বিষয়া আজি কালি ঘোষণা কাৰ্যসূচী উন্নয়ন প্ৰকল্প জনসাধাৰণ অসম বাণী বাতৰি প্ৰতিবেদন চৰকাৰ ৰাজ্য জিলা সভা বিষয়া আজি কালি ঘোষণা কাৰ্যসূচী উন্নয়ন প্ৰকল্প জনসাধাৰণ অসম বাণী বাতৰি প্ৰতিবেদন চৰকাৰ ৰাজ্য জিলা সভা বিষয়া আজি কালি ঘোষণা কাৰ্যসূচী উন্নয়ন প্ৰকল্প জনসাধাৰণ অসম বাণী বাতৰি প্ৰতিবেদন চৰকাৰ ৰাজ্য জিলা সভা বিষয়া আজি কালি ঘোষণা কাৰ্যসূচী উন্নয়ন প্ৰকল্প জনসাধাৰণ অসম বাণী বাতৰি প্ৰতিবেদন চৰকাৰ ৰাজ্য জিলা সভা বিষয়া আজি কালি ঘোষণা কাৰ্যসূচী উন্নয়ন প্ৰকল্প জনসাধাৰণ অসম বাণী বাতৰি প্ৰতিবেদন চৰকাৰ ৰাজ্য জিলা সভা বিষয়া আজি কালি ঘোষণা কাৰ্যসূচী উন্নয়ন প্ৰকল্প জনসাধাৰণ অসম বাণী বাতৰি প্ৰতিবেদন চৰকাৰ ৰাজ্য জিলা সভা বিষয়া আজি কালি ঘোষণা কাৰ্যসূচী উন্নয়ন প্ৰকল্প জনসাধাৰণ অসম বাণী বাতৰি প্ৰতিবেদন চৰকাৰ ৰাজ্য জিলা সভা বিষয়া আজি কালি ঘোষণা কাৰ্যসূচী উন্নয়ন প্ৰকল্প জনসাধাৰণ অসম বাণী বাতৰি প্ৰতিবেদন চৰকাৰ ৰাজ্য জিলা সভা বিষয়া আজি কালি ঘোষণা কাৰ্যসূচী উন্নয়ন প্ৰকল্প জনসাধাৰণ অসম বাণী বাতৰি প্ৰতিবেদন চৰকাৰ ৰাজ্য জিলা সভা বিষয়া আজি কালি ঘোষণা কাৰ্যসূচী উন্নয়ন প্ৰকল্প জনসাধাৰণ অসম বাণী বাতৰি প্ৰতিবেদন চৰকাৰ ৰাজ্য জিলা সভা বিষয়া আজি কালি ঘোষণা কাৰ্যসূচী উন্নয়ন প্ৰকল্প জনসাধাৰণ অসম বাণী বাতৰি প্ৰতিবেদন চৰকাৰ ৰাজ্য জিলা সভা বিষয়া আজি কালি ঘোষণা কাৰ্যসূচী উন্নয়ন প্ৰকল্প জনসাধাৰণ অসম বাণী বাতৰি প্ৰতিবেদন চৰকাৰ ৰাজ্য জিলা সভা বিষয়া আজি কালি ঘোষণা কাৰ্যসূচী উন্নয়ন প্ৰকল্প জনসাধাৰণ অসম বাণী বাতৰি প্ৰতিবেদন চৰকাৰ ৰাজ্য জিলা সভা বিষয়া আজি কালি ঘোষণা কাৰ্যসূচী উন্নয়ন প্ৰকল্প জনসাধাৰণ অসম বাণী বাতৰি প্ৰতিবেদন চৰকাৰ ৰাজ্য জিলা সভা বিষয়া আজি কালি ঘোষণা কাৰ্যসূচী উন্নয়ন প্ৰকল্প জনসাধাৰণ অসম বাণী বাতৰি প্ৰতিবেদন চৰকাৰ ৰাজ্য জিলা সভা বিষয়া আজি কালি ঘোষণা কাৰ্যসূচী উন্নয়ন প্ৰকল্প জনসাধাৰণ অসম বাণী বাতৰি প্ৰতিবেদন চৰকাৰ ৰাজ্য জিলা সভা বিষয়া আজি কালি ঘোষণা কাৰ্যসূচী উন্নয়ন প্ৰকল্প জনসাধাৰণ অসম বাণী বাতৰি প্ৰতিবেদন চৰকাৰ ৰাজ্য জিলা সভা বিষয়া আজি কালি ঘোষণা কাৰ্যসূচী উন্নয়ন প্ৰকল্প জনসাধাৰণ অসম বাণী বাতৰি প্ৰতিবেদন চৰকাৰ ৰাজ্য জিলা সভা বিষয়া আজি কালি ঘোষণা কাৰ্যসূচী উন্নয়ন প্ৰকল্প জনসাধাৰণ অসম বাণী বাতৰি প্ৰতিবেদন চৰকাৰ ৰাজ্য জিলা সভা বিষয়া আজি কালি ঘোষণা কাৰ্যসূচী উন্নয়ন প্ৰকল্প জনসাধাৰণ অসম বাণী বাতৰি প্ৰতিবেদন চৰকাৰ ৰাজ্য জিলা সভা বিষয়া আজি কালি ঘোষণা কাৰ্যসূচী উন্নয়ন প্ৰকল্প জনসাধাৰণ অসম বাণী বাতৰি প্ৰতিবেদন চৰকাৰ ৰাজ্য জিলা সভা বিষয়া আজি কালি ঘোষণা কাৰ্যসূচী উন্নয়ন প্ৰকল্প জনসাধাৰণ অসম বাণী বাতৰি প্ৰতিবেদন চৰকাৰ ৰাজ্য জিলা সভা বিষয়া আজি কালি ঘোষণা কাৰ্যসূচী উন্নয়ন প্ৰকল্প জনসাধাৰণ অসম বাণী বাতৰি প্ৰতিবেদন চৰকাৰ ৰাজ্য জিলা সভা বিষয়া আজি কালি ঘোষণা কাৰ্যসূচী উন্নয়ন প্ৰকল্প জনসাধাৰণ অসম বাণী বাতৰি প্ৰতিবেদন চৰকাৰ ৰাজ্য জিলা সভা বিষয়া আজি কালি ঘোষণা কাৰ্যসূচী উন্নয়ন প্ৰকল্প জনসাধাৰণ অসম বাণী বাতৰি প্ৰতিবেদন চৰকাৰ ৰাজ্য জিলা সভা বিষয়া আজি কালি ঘোষণা কাৰ্যসূচী উন্নয়ন প্ৰকল্প জনসাধাৰণ অসম বাণী বাতৰি প্ৰতিবেদন চৰকাৰ ৰাজ্য জিলা সভা বিষয়া আজি কালি ঘোষণা কাৰ্যসূচী উন্নয়ন প্ৰকল্প জনসাধাৰণ অসম বাণী বাতৰি প্ৰতিবেদন চৰকাৰ ৰাজ্য জিলা সভা বিষয়া আজি কালি ঘোষণা কাৰ্যসূচী উন্নয়ন প্ৰকল্প জনসাধাৰণ অসম বাণী বাতৰি প্ৰতিবেদন চৰকাৰ ৰাজ্য জিলা সভা বিষয়া আজি কালি ঘোষণা কাৰ্যসূচী উন্নয়ন প্ৰকল্প জনসাধাৰণ অসম বাণী বাতৰি প্ৰতিবেদন চৰকাৰ ৰাজ্য জিলা সভা বিষয়া আজি কালি ঘোষণা কাৰ্যসূচী উন্নয়ন প্ৰকল্প জনসাধাৰণ অসম বাণী বাতৰি প্ৰতিবেদন চৰকাৰ ৰাজ্য জিলা সভা বিষয়া আজি কালি ঘোষণা কাৰ্যসূচী উন্নয়ন প্ৰকল্প জনসাধাৰণ অসম বাণী বাতৰি প্ৰতিবেদন চৰকাৰ ৰাজ্য জিলা সভা বিষয়া আজি কালি ঘোষণা কাৰ্যসূচী উন্নয়ন প্ৰকল্প জনসাধাৰণ অসম বাণী বাতৰি প্ৰতিবেদন চৰকাৰ ৰাজ্য জিলা সভা বিষয়া আজি কালি ঘোষণা কাৰ্যসূচী উন্নয়ন প্ৰকল্প জনসাধাৰণ অসম বাণী বাতৰি প্ৰতিবেদন চৰকাৰ ৰাজ্য জিলা সভা বিষয়া আজি কালি ঘোষণা কাৰ্যসূচী উন্নয়ন প্ৰকল্প জনসাধাৰণ অসম বাণী বাতৰি প্ৰতিবেদন চৰকাৰ ৰাজ্য জিলা সভা বিষয়া আজি কালি ঘোষণা কাৰ্যসূচী উন্নয়ন প্ৰকল্প জনসাধাৰণ অসম বাণী বাতৰি প্ৰতিবেদন চৰকাৰ ৰাজ্য জিলা সভা বিষয়া আজি কালি ঘোষণা কাৰ্যসূচী উন্নয়ন প্ৰকল্প জনসাধাৰণ অসম বাণী বাতৰি প্ৰতিবেদন চৰকাৰ ৰাজ্য জিলা সভা বিষয়া আজি কালি ঘোষণা কাৰ্যসূচী উন্নয়ন প্ৰকল্প জনসাধাৰণ অসম বাণী বাতৰি প্ৰতিবেদন চৰকাৰ ৰাজ্য জিলা সভা বিষয়া আজি কালি ঘোষণা কাৰ্যসূচী উন্নয়ন প্ৰকল্প জনসাধাৰণ অসম বাণী বাতৰি প্ৰতিবেদন চৰকাৰ ৰাজ্য জিলা সভা বিষয়া আজি কালি ঘোষণা কাৰ্যসূচী উন্নয়ন প্ৰকল্প জনসাধাৰণ অসম বাণী বাতৰি প্ৰতিবেদন চৰকাৰ ৰাজ্য জিলা সভা বিষয়া আজি কালি ঘোষণা কাৰ্যসূচী উন্নয়ন প্ৰকল্প জনসাধাৰণ অসম বাণী বাতৰি প্ৰতিবেদন চৰকাৰ ৰাজ্য জিলা সভা বিষয়া আজি কালি ঘোষণা কাৰ্যসূচী উন্নয়ন প্ৰকল্প জনসাধাৰণ অসম বাণী বাতৰি প্ৰতিবেদন চৰকাৰ ৰাজ্য জিলা সভা বিষয়া আজি কালি ঘোষণা কাৰ্যসূচী উন্নয়ন প্ৰকল্প জনসাধাৰণ অসম বাণী বাতৰি প্ৰতিবেদন চৰকাৰ ৰাজ্য জিলা সভা বিষয়া আজি কালি ঘোষণা কাৰ্যসূচী উন্নয়ন প্ৰকল্প জনসাধাৰণ অসম বাণী বাতৰি প্ৰতিবেদন চৰকাৰ ৰাজ্য জিলা সভা বিষয়া আজি কালি ঘোষণা কাৰ্যসূচী উন্নয়ন প্ৰকল্প জনসাধাৰণ অসম বাণী বাতৰি প্ৰতিবেদন চৰকাৰ ৰাজ্য জিলা সভা বিষয়া আজি কালি ঘোষণা কাৰ্যসূচী উন্নয়ন প্ৰকল্প জনসাধাৰণ অসম বাণী বাতৰি প্ৰতিবেদন চৰকাৰ ৰাজ্য জিলা সভা বিষয়া আজি কালি ঘোষণা কাৰ্যসূচী উন্নয়ন প্ৰকল্প জনসাধাৰণ অসম বাণী বাতৰি প্ৰতিবেদন চৰকাৰ ৰাজ্য জিলা সভা বিষয়া আজি কালি ঘোষণা কাৰ্যসূচী উন্নয়ন প্ৰকল্প জনসাধাৰণ অসম বাণী বাতৰি প্ৰতিবেদন চৰকাৰ ৰাজ্য জিলা সভা বিষয়া আজি কালি ঘোষণা কাৰ্যসূচী উন্নয়ন প্ৰকল্প জনসাধাৰণ অসম বাণী বাতৰি প্ৰতিবেদন চৰকাৰ ৰাজ্য জিলা সভা বিষয়া আজি কালি ঘোষণা কাৰ্যসূচী উন্নয়ন প্ৰকল্প জনসাধাৰণ অসম বাণী বাতৰি প্ৰতিবেদন চৰকাৰ ৰাজ্য জিলা সভা বিষয়া আজি কালি ঘোষণা কাৰ্যসূচী উন্নয়ন প্ৰকল্প জনসাধাৰণ অসম বাণী বাতৰি প্ৰতিবেদন চৰকাৰ ৰাজ্য জিলা সভা বিষয়া আজি কালি ঘোষণা কাৰ্যসূচী উন্নয়ন প্ৰকল্প জনসাধাৰণ অসম বাণী বাতৰি প্ৰতিবেদন চৰকাৰ ৰাজ্য জিলা সভা বিষয়া আজি কালি ঘোষণা কাৰ্যসূচী উন্নয়ন প্ৰকল্প জনসাধাৰণ অসম বাণী বাতৰি প্ৰতিবেদন চৰকাৰ ৰাজ্য জিলা সভা বিষয়া আজি কালি ঘোষণা কাৰ্যসূচী উন্নয়ন প্ৰকল্প জনসাধাৰণ অসম বাণী বাতৰি প্ৰতিবেদন চৰকাৰ ৰাজ্য জিলা সভা বিষয়া আজি কালি ঘোষণা কাৰ্যসূচী উন্নয়ন প্ৰকল্প জনসাধাৰণ অসম বাণী বাতৰি প্ৰতিবেদন চৰকাৰ ৰাজ্য জিলা সভা বিষয়া আজি কালি ঘোষণা কাৰ্যসূচী উন্নয়ন প্ৰকল্প জনসাধাৰণ অসম বাণী বাতৰি প্ৰতিবেদন চৰকাৰ ৰাজ্য জিলা সভা বিষয়া আজি কালি ঘোষণা কাৰ্যসূচী উন্নয়ন প্ৰকল্প জনসাধাৰণ অসম বাণী বাতৰি প্ৰতিবেদন চৰকাৰ ৰাজ্য জিলা সভা বিষয়া আজি কালি ঘোষণা কাৰ্যসূচী উন্নয়ন প্ৰকল্প জনসাধাৰণ অসম বাণী বাতৰি প্ৰতিবেদন চৰকাৰ ৰাজ্য জিলা সভা বিষয়া আজি কালি ঘোষণা কাৰ্যসূচী উন্নয়ন প্ৰকল্প জনসাধাৰণ অসম বাণী বাতৰি প্ৰতিবেদন চৰকাৰ ৰাজ্য জিলা সভা বিষয়া আজি কালি ঘোষণা কাৰ্যসূচী উন্নয়ন প্ৰকল্প জনসাধাৰণ অসম বাণী বাতৰি প্ৰতিবেদন চৰকাৰ ৰাজ্য জিলা সভা বিষয়া আজি কালি ঘোষণা কাৰ্যসূচী উন্নয়ন প্ৰকল্প জনসাধাৰণ অসম বাণী বাতৰি প্ৰতিবেদন চৰকাৰ ৰাজ্য জিলা সভা বিষয়া আজি কালি ঘোষণা কাৰ্যসূচী উন্নয়ন প্ৰকল্প জনসাধাৰণ অসম বাণী বাতৰি প্ৰতিবেদন চৰকাৰ ৰাজ্য জিলা সভা বিষয়া আজি কালি ঘোষণা কাৰ্যসূচী উন্নয়ন প্ৰকল্প জনসাধাৰণ অসম বাণী বাতৰি প্ৰতিবেদন চৰকাৰ ৰাজ্য জিলা সভা বিষয়া আজি কালি ঘোষণা কাৰ্যসূচী উন্নয়ন প্ৰকল্প জনসাধাৰণ অসম বাণী বাতৰি প্ৰতিবেদন চৰকাৰ ৰাজ্য জিলা সভা বিষয়া আজি কালি ঘোষণা কাৰ্যসূচী উন্নয়ন প্ৰকল্প জনসাধাৰণ অসম বাণী বাতৰি প্ৰতিবেদন চৰকাৰ ৰাজ্য জিলা সভা বিষয়া আজি কালি ঘোষণা কাৰ্যসূচী উন্নয়ন প্ৰকল্প জনসাধাৰণ অসম বাণী বাতৰি প্ৰতিবেদন চৰকাৰ ৰাজ্য জিলা সভা বিষয়া আজি কালি ঘোষণা কাৰ্যসূচী উন্নয়ন প্ৰকল্প জনসাধাৰণ
চাহিদালৈ মুক্ত ৰাষ্ট্ৰীয় ঘাই পথ
অসম বাণী বাতৰি প্ৰতিবেদন চৰকাৰ ৰাজ্য জিলা সভা বিষয়া আজি কালি ঘোষণা কাৰ্যসূচী উন্নয়ন প্ৰকল্প জনসাধাৰণ অসম বাণী বাতৰি প্ৰতিবেদন চৰকাৰ ৰাজ্য জিলা সভা বিষয়া আজি কালি ঘোষণা কাৰ্যসূচী উন্নয়ন প্ৰকল্প জনসাধাৰণ অসম বাণী বাতৰি প্ৰতিবেদন চৰকাৰ ৰাজ্য জিলা সভা বিষয়া আজি কালি ঘোষণা কাৰ্যসূচী উন্নয়ন প্ৰকল্প জনসাধাৰণ অসম বাণী বাতৰি প্ৰতিবেদন চৰকাৰ ৰাজ্য জিলা সভা বিষয়া আজি কালি ঘোষণা কাৰ্যসূচী উন্নয়ন প্ৰকল্প জনসাধাৰণ অসম বাণী বাতৰি প্ৰতিবেদন চৰকাৰ ৰাজ্য জিলা সভা বিষয়া আজি কালি ঘোষণা কাৰ্যসূচী উন্নয়ন প্ৰকল্প জনসাধাৰণ অসম বাণী বাতৰি প্ৰতিবেদন চৰকাৰ ৰাজ্য জিলা সভা বিষয়া আজি কালি ঘোষণা কাৰ্যসূচী উন্নয়ন প্ৰকল্প জনসাধাৰণ অসম বাণী বাতৰি প্ৰতিবেদন চৰকাৰ ৰাজ্য জিলা সভা বিষয়া আজি কালি ঘোষণা কাৰ্যসূচী উন্নয়ন প্ৰকল্প জনসাধাৰণ অসম বাণী বাতৰি প্ৰতিবেদন চৰকাৰ ৰাজ্য জিলা সভা বিষয়া আজি কালি ঘোষণা কাৰ্যসূচী উন্নয়ন প্ৰকল্প জনসাধাৰণ অসম বাণী বাতৰি প্ৰতিবেদন চৰকাৰ ৰাজ্য জিলা সভা বিষয়া আজি কালি ঘোষণা কাৰ্যসূচী উন্নয়ন প্ৰকল্প জনসাধাৰণ অসম বাণী বাতৰি প্ৰতিবেদন চৰকাৰ ৰাজ্য জিলা সভা বিষয়া আজি কালি ঘোষণা কাৰ্যসূচী উন্নয়ন প্ৰকল্প জনসাধাৰণ অসম বাণী বাতৰি প্ৰতিবেদন চৰকাৰ ৰাজ্য জিলা সভা বিষয়া আজি কালি ঘোষণা কাৰ্যসূচী উন্নয়ন প্ৰকল্প জনসাধাৰণ অসম বাণী বাতৰি প্ৰতিবেদন চৰকাৰ ৰাজ্য জিলা সভা বিষয়া আজি কালি ঘোষণা কাৰ্যসূচী উন্নয়ন প্ৰকল্প জনসাধাৰণ অসম বাণী বাতৰি প্ৰতিবেদন চৰকাৰ ৰাজ্য জিলা সভা বিষয়া আজি কালি ঘোষণা কাৰ্যসূচী উন্নয়ন প্ৰকল্প জনসাধাৰণ অসম বাণী বাতৰি প্ৰতিবেদন চৰকাৰ ৰাজ্য জিলা সভা বিষয়া আজি কালি ঘোষণা কাৰ্যসূচী উন্নয়ন প্ৰকল্প জনসাধাৰণ অসম বাণী বাতৰি প্ৰতিবেদন চৰকাৰ ৰাজ্য জিলা সভা বিষয়া আজি কালি ঘোষণা কাৰ্যসূচী উন্নয়ন প্ৰকল্প জনসাধাৰণ অসম বাণী বাতৰি প্ৰতিবেদন চৰকাৰ ৰাজ্য জিলা সভা বিষয়া আজি কালি ঘোষণা কাৰ্যসূচী উন্নয়ন প্ৰকল্প জনসাধাৰণ অসম বাণী বাতৰি প্ৰতিবেদন চৰকাৰ ৰাজ্য জিলা সভা বিষয়া আজি কালি ঘোষণা কাৰ্যসূচী উন্নয়ন প্ৰকল্প জনসাধাৰণ অসম বাণী বাতৰি প্ৰতিবেদন চৰকাৰ ৰাজ্য জিলা সভা বিষয়া আজি কালি ঘোষণা কাৰ্যসূচী উন্নয়ন প্ৰকল্প জনসাধাৰণ অসম বাণী বাতৰি প্ৰতিবেদন চৰকাৰ ৰাজ্য জিলা সভা বিষয়া আজি কালি ঘোষণা কাৰ্যসূচী উন্নয়ন প্ৰকল্প জনসাধাৰণ অসম বাণী বাতৰি প্ৰতিবেদন চৰকাৰ ৰাজ্য জিলা সভা বিষয়া আজি কালি ঘোষণা কাৰ্যসূচী উন্নয়ন প্ৰকল্প জনসাধাৰণ অসম বাণী বাতৰি প্ৰতিবেদন চৰকাৰ ৰাজ্য জিলা সভা বিষয়া আজি কালি ঘোষণা কাৰ্যসূচী উন্নয়ন প্ৰকল্প জনসাধাৰণ অসম বাণী বাতৰি প্ৰতিবেদন চৰকাৰ ৰাজ্য জিলা সভা বিষয়া আজি কালি ঘোষণা কাৰ্যসূচী উন্নয়ন প্ৰকল্প জনসাধাৰণ অসম বাণী বাতৰি প্ৰতিবেদন চৰকাৰ ৰাজ্য জিলা সভা বিষয়া আজি কালি ঘোষণা কাৰ্যসূচী উন্নয়ন প্ৰকল্প জনসাধাৰণ অসম বাণী বাতৰি প্ৰতিবেদন চৰকাৰ ৰাজ্য জিলা সভা বিষয়া আজি কালি ঘোষণা কাৰ্যসূচী উন্নয়ন প্ৰকল্প জনসাধাৰণ অসম বাণী বাতৰি প্ৰতিবেদন চৰকাৰ ৰাজ্য জিলা সভা বিষয়া আজি কালি ঘোষণা কাৰ্যসূচী উন্নয়ন প্ৰকল্প জনসাধাৰণ অসম বাণী বাতৰি প্ৰতিবেদন চৰকাৰ ৰাজ্য জিলা সভা বিষয়া আজি কালি ঘোষণা কাৰ্যসূচী উন্নয়ন প্ৰকল্প জনসাধাৰণ অসম বাণী বাতৰি প্ৰতিবেদন চৰকাৰ ৰাজ্য জিলা সভা বিষয়া আজি কালি ঘোষণা কাৰ্যসূচী উন্নয়ন প্ৰকল্প জনসাধাৰণ অসম বাণী বাতৰি প্ৰতিবেদন চৰকাৰ ৰাজ্য জিলা সভা বিষয়া আজি কালি ঘোষণা কাৰ্যসূচী উন্নয়ন প্ৰকল্প জনসাধাৰণ অসম বাণী বাতৰি প্ৰতিবেদন চৰকাৰ ৰাজ্য জিলা সভা বিষয়া আজি কালি ঘোষণা কাৰ্যসূচী উন্নয়ন প্ৰকল্প জনসাধাৰণ অসম বাণী বাতৰি প্ৰতিবেদন চৰকাৰ ৰাজ্য জিলা সভা বিষয়া আজি কালি ঘোষণা কাৰ্যসূচী উন্নয়ন প্ৰকল্প জনসাধাৰণ অসম বাণী বাতৰি প্ৰতিবেদন চৰকাৰ ৰাজ্য জিলা সভা বিষয়া আজি কালি ঘোষণা কাৰ্যসূচী উন্নয়ন প্ৰকল্প জনসাধাৰণ অসম বাণী বাতৰি প্ৰতিবেদন চৰকাৰ ৰাজ্য জিলা সভা বিষয়া আজি কালি ঘোষণা কাৰ্যসূচী উন্নয়ন প্ৰকল্প জনসাধাৰণ অসম বাণী বাতৰি প্ৰতিবেদন চৰকাৰ ৰাজ্য জিলা সভা বিষয়া আজি কালি ঘোষণা কাৰ্যসূচী উন্নয়ন প্ৰকল্প জনসাধাৰণ অসম বাণী বাতৰি প্ৰতিবেদন চৰকাৰ ৰাজ্য জিলা সভা বিষয়া আজি কালি ঘোষণা কাৰ্যসূচী উন্নয়ন প্ৰকল্প জনসাধাৰণ অসম বাণী বাতৰি প্ৰতিবেদন চৰকাৰ ৰাজ্য জিলা সভা বিষয়া আজি কালি ঘোষণা কাৰ্যসূচী উন্নয়ন প্ৰকল্প জনসাধাৰণ অসম বাণী বাতৰি প্ৰতিবেদন চৰকাৰ ৰাজ্য জিলা সভা বিষয়া আজি কালি ঘোষণা কাৰ্যসূচী উন্নয়ন প্ৰকল্প জনসাধাৰণ অসম বাণী বাতৰি প্ৰতিবেদন চৰকাৰ ৰাজ্য জিলা সভা বিষয়া আজি কালি ঘোষণা কাৰ্যসূচী উন্নয়ন প্ৰকল্প জনসাধাৰণ অসম বাণী বাতৰি প্ৰতিবেদন চৰকাৰ ৰাজ্য জিলা সভা বিষয়া আজি কালি ঘোষণা কাৰ্যসূচী উন্নয়ন প্ৰকল্প জনসাধাৰণ অসম বাণী বাতৰি প্ৰতিবেদন চৰকাৰ ৰাজ্য জিলা সভা বিষয়া আজি কালি ঘোষণা কাৰ্যসূচী উন্নয়ন প্ৰকল্প জনসাধাৰণ অসম বাণী বাতৰি প্ৰতিবেদন চৰকাৰ ৰাজ্য জিলা সভা বিষয়া আজি কালি ঘোষণা কাৰ্যসূচী উন্নয়ন প্ৰকল্প জনসাধাৰণ অসম বাণী বাতৰি প্ৰতিবেদন চৰকাৰ ৰাজ্য জিলা সভা বিষয়া আজি কালি ঘোষণা কাৰ্যসূচী উন্নয়ন প্ৰকল্প জনসাধাৰণ অসম বাণী বাতৰি প্ৰতিবেদন চৰকাৰ ৰাজ্য জিলা সভা বিষয়া আজি কালি ঘোষণা কাৰ্যসূচী উন্নয়ন প্ৰকল্প জনসাধাৰণ অসম বাণী বাতৰি প্ৰতিবেদন চৰকাৰ ৰাজ্য জিলা সভা বিষয়া আজি কালি ঘোষণা কাৰ্যসূচী উন্নয়ন প্ৰকল্প জনসাধাৰণ অসম বাণী বাতৰি প্ৰতিবেদন চৰকাৰ ৰাজ্য জিলা সভা বিষয়া আজি কালি ঘোষণা কাৰ্যসূচী উন্নয়ন প্ৰকল্প জনসাধাৰণ অসম বাণী বাতৰি প্ৰতিবেদন চৰকাৰ ৰাজ্য জিলা সভা বিষয়া আজি কালি ঘোষণা কাৰ্যসূচী উন্নয়ন প্ৰকল্প জনসাধাৰণ অসম বাণী বাতৰি প্ৰতিবেদন চৰকাৰ ৰাজ্য জিলা সভা বিষয়া আজি কালি ঘোষণা কাৰ্যসূচী উন্নয়ন প্ৰকল্প জনসাধাৰণ অসম বাণী বাতৰি প্ৰতিবেদন চৰকাৰ ৰাজ্য জিলা সভা বিষয়া আজি কালি ঘোষণা কাৰ্যসূচী উন্নয়ন প্ৰকল্প জনসাধাৰণ অসম বাণী বাতৰি প্ৰতিবেদন চৰকাৰ ৰাজ্য জিলা সভা বিষয়া আজি কালি ঘোষণা কাৰ্যসূচী উন্নয়ন প্ৰকল্প জনসাধাৰণ অসম বাণী বাতৰি প্ৰতিবেদন চৰকাৰ ৰাজ্য জিলা সভা বিষয়া আজি কালি ঘোষণা কাৰ্যসূচী উন্নয়ন প্ৰকল্প জনসাধাৰণ অসম বাণী বাতৰি প্ৰতিবেদন চৰকাৰ ৰাজ্য জিলা সভা বিষয়া আজি কালি ঘোষণা কাৰ্যসূচী উন্নয়ন প্ৰকল্প জনসাধাৰণ অসম বাণী বাতৰি প্ৰতিবেদন চৰকাৰ ৰাজ্য জিলা সভা বিষয়া আজি কালি ঘোষণা কাৰ্যসূচী উন্নয়ন প্ৰকল্প জনসাধাৰণ অসম বাণী বাতৰি প্ৰতিবেদন চৰকাৰ ৰাজ্য জিলা সভা বিষয়া আজি কালি ঘোষণা কাৰ্যসূচী উন্নয়ন প্ৰকল্প জনসাধাৰণ
চাহিদালৈ সেন্ত্ৰজলিন
অসম বাণী বাতৰি প্ৰতিবেদন চৰকাৰ ৰাজ্য জিলা সভা বিষয়া আজি কালি ঘোষণা কাৰ্যসূচী উন্নয়ন প্ৰকল্প জনসাধাৰণ অসম বাণী বাতৰি প্ৰতিবেদন চৰকাৰ ৰাজ্য জিলা সভা বিষয়া আজি কালি ঘোষণা কাৰ্যসূচী উন্নয়ন প্ৰকল্প জনসাধাৰণ অসম বাণী বাতৰি প্ৰতিবেদন চৰকাৰ ৰাজ্য জিলা সভা বিষয়া আজি কালি ঘোষণা কাৰ্যসূচী উন্নয়ন প্ৰকল্প জনসাধাৰণ অসম বাণী বাতৰি প্ৰতিবেদন চৰকাৰ ৰাজ্য জিলা সভা বিষয়া আজি কালি ঘোষণা কাৰ্যসূচী উন্নয়ন প্ৰকল্প জনসাধাৰণ অসম বাণী বাতৰি প্ৰতিবেদন চৰকাৰ ৰাজ্য জিলা সভা বিষয়া আজি কালি ঘোষণা কাৰ্যসূচী উন্নয়ন প্ৰকল্প জনসাধাৰণ অসম বাণী বাতৰি প্ৰতিবেদন চৰকাৰ ৰাজ্য জিলা সভা বিষয়া আজি কালি ঘোষণা কাৰ্যসূচী উন্নয়ন প্ৰকল্প জনসাধাৰণ অসম বাণী বাতৰি প্ৰতিবেদন চৰকাৰ ৰাজ্য জিলা সভা বিষয়া আজি কালি ঘোষণা কাৰ্যসূচী উন্নয়ন প্ৰকল্প জনসাধাৰণ অসম বাণী বাতৰি প্ৰতিবেদন চৰকাৰ ৰাজ্য জিলা সভা বিষয়া আজি কালি ঘোষণা কাৰ্যসূচী উন্নয়ন প্ৰকল্প জনসাধাৰণ অসম বাণী বাতৰি প্ৰতিবেদন চৰকাৰ ৰাজ্য জিলা সভা বিষয়া আজি কালি ঘোষণা কাৰ্যসূচী উন্নয়ন প্ৰকল্প জনসাধাৰণ অসম বাণী বাতৰি প্ৰতিবেদন চৰকাৰ ৰাজ্য জিলা সভা বিষয়া আজি কালি ঘোষণা কাৰ্যসূচী উন্নয়ন প্ৰকল্প জনসাধাৰণ অসম বাণী বাতৰি প্ৰতিবেদন চৰকাৰ ৰাজ্য জিলা সভা বিষয়া আজি কালি ঘোষণা কাৰ্যসূচী উন্নয়ন প্ৰকল্প জনসাধাৰণ অসম বাণী বাতৰি প্ৰতিবেদন চৰকাৰ ৰাজ্য জিলা সভা বিষয়া আজি কালি ঘোষণা কাৰ্যসূচী উন্নয়ন প্ৰকল্প জনসাধাৰণ
বৰপেটাতো টিনসুৰ শাৰী লগ
অসম বাণী বাতৰি প্ৰতিবেদন চৰকাৰ ৰাজ্য জিলা সভা বিষয়া আজি কালি ঘোষণা কাৰ্যসূচী উন্নয়ন প্ৰকল্প জনসাধাৰণ অসম বাণী বাতৰি প্ৰতিবেদন চৰকাৰ ৰাজ্য জিলা সভা বিষয়া আজি কালি ঘোষণা কাৰ্যসূচী উন্নয়ন প্ৰকল্প জনসাধাৰণ অসম বাণী বাতৰি প্ৰতিবেদন চৰকাৰ ৰাজ্য জিলা সভা বিষয়া আজি কালি ঘোষণা কাৰ্যসূচী উন্নয়ন প্ৰকল্প জনসাধাৰণ অসম বাণী বাতৰি প্ৰতিবেদন চৰকাৰ ৰাজ্য জিলা সভা বিষয়া আজি কালি ঘোষণা কাৰ্যসূচী উন্নয়ন প্ৰকল্প জনসাধাৰণ অসম বাণী বাতৰি প্ৰতিবেদন চৰকাৰ ৰাজ্য জিলা সভা বিষয়া আজি কালি ঘোষণা কাৰ্যসূচী উন্নয়ন প্ৰকল্প জনসাধাৰণ অসম বাণী বাতৰি প্ৰতিবেদন চৰকাৰ ৰাজ্য জিলা সভা বিষয়া আজি কালি ঘোষণা কাৰ্যসূচী উন্নয়ন প্ৰকল্প জনসাধাৰণ অসম বাণী বাতৰি প্ৰতিবেদন চৰকাৰ ৰাজ্য জিলা সভা বিষয়া আজি কালি ঘোষণা কাৰ্যসূচী উন্নয়ন প্ৰকল্প জনসাধাৰণ অসম বাণী বাতৰি প্ৰতিবেদন চৰকাৰ ৰাজ্য জিলা সভা বিষয়া আজি কালি ঘোষণা কাৰ্যসূচী উন্নয়ন প্ৰকল্প জনসাধাৰণ অসম বাণী বাতৰি প্ৰতিবেদন চৰকাৰ ৰাজ্য জিলা সভা বিষয়া আজি কালি ঘোষণা কাৰ্যসূচী উন্নয়ন প্ৰকল্প জনসাধাৰণ অসম বাণী বাতৰি প্ৰতিবেদন চৰকাৰ ৰাজ্য জিলা সভা বিষয়া আজি কালি ঘোষণা কাৰ্যসূচী উন্নয়ন প্ৰকল্প জনসাধাৰণ অসম বাণী বাতৰি প্ৰতিবেদন চৰকাৰ ৰাজ্য জিলা সভা বিষয়া আজি কালি ঘোষণা কাৰ্যসূচী উন্নয়ন প্ৰকল্প জনসাধাৰণ অসম বাণী বাতৰি প্ৰতিবেদন চৰকাৰ ৰাজ্য জিলা সভা বিষয়া আজি কালি ঘোষণা কাৰ্যসূচী উন্নয়ন প্ৰকল্প জনসাধাৰণ অসম বাণী বাতৰি প্ৰতিবেদন চৰকাৰ ৰাজ্য জিলা সভা বিষয়া আজি কালি ঘোষণা কাৰ্যসূচী উন্নয়ন প্ৰকল্প জনসাধাৰণ অসম বাণী বাতৰি প্ৰতিবেদন চৰকাৰ ৰাজ্য জিলা সভা বিষয়া আজি কালি ঘোষণা কাৰ্যসূচী উন্নয়ন প্ৰকল্প জনসাধাৰণ অসম বাণী বাতৰি প্ৰতিবেদন চৰকাৰ ৰাজ্য জিলা সভা বিষয়া আজি কালি ঘোষণা কাৰ্যসূচী উন্নয়ন প্ৰকল্প জনসাধাৰণ অসম বাণী বাতৰি প্ৰতিবেদন চৰকাৰ ৰাজ্য জিলা সভা বিষয়া আজি কালি ঘোষণা কাৰ্যসূচী উন্নয়ন প্ৰকল্প জনসাধাৰণ অসম বাণী বাতৰি প্ৰতিবেদন চৰকাৰ ৰাজ্য জিলা সভা বিষয়া আজি কালি ঘোষণা কাৰ্যসূচী উন্নয়ন প্ৰকল্প জনসাধাৰণ অসম বাণী বাতৰি প্ৰতিবেদন চৰকাৰ ৰাজ্য জিলা সভা বিষয়া আজি কালি ঘোষণা কাৰ্যসূচী উন্নয়ন প্ৰকল্প জনসাধাৰণ অসম বাণী বাতৰি প্ৰতিবেদন চৰকাৰ ৰাজ্য জিলা সভা বিষয়া আজি কালি ঘোষণা কাৰ্যসূচী উন্নয়ন প্ৰকল্প জনসাধাৰণ অসম বাণী বাতৰি প্ৰতিবেদন চৰকাৰ ৰাজ্য জিলা সভা বিষয়া আজি কালি ঘোষণা কাৰ্যসূচী উন্নয়ন প্ৰকল্প জনসাধাৰণ অসম বাণী বাতৰি প্ৰতিবেদন চৰকাৰ ৰাজ্য জিলা সভা বিষয়া আজি কালি ঘোষণা কাৰ্যসূচী উন্নয়ন প্ৰকল্প জনসাধাৰণ অসম বাণী বাতৰি প্ৰতিবেদন চৰকাৰ ৰাজ্য জিলা সভা বিষয়া আজি কালি ঘোষণা কাৰ্যসূচী উন্নয়ন প্ৰকল্প জনসাধাৰণ অসম বাণী বাতৰি প্ৰতিবেদন চৰকাৰ ৰাজ্য জিলা সভা বিষয়া আজি কালি ঘোষণা কাৰ্যসূচী উন্নয়ন প্ৰকল্প জনসাধাৰণ অসম বাণী বাতৰি প্ৰতিবেদন চৰকাৰ ৰাজ্য জিলা সভা বিষয়া আজি কালি ঘোষণা কাৰ্যসূচী উন্নয়ন প্ৰকল্প জনসাধাৰণ অসম বাণী বাতৰি প্ৰতিবেদন চৰকাৰ ৰাজ্য জিলা সভা বিষয়া আজি কালি ঘোষণা কাৰ্যসূচী উন্নয়ন প্ৰকল্প জনসাধাৰণ অসম বাণী বাতৰি প্ৰতিবেদন চৰকাৰ ৰাজ্য জিলা সভা বিষয়া আজি কালি ঘোষণা কাৰ্যসূচী উন্নয়ন প্ৰকল্প জনসাধাৰণ অসম বাণী বাতৰি প্ৰতিবেদন চৰকাৰ ৰাজ্য জিলা সভা বিষয়া আজি কালি ঘোষণা কাৰ্যসূচী উন্নয়ন প্ৰকল্প জনসাধাৰণ অসম বাণী বাতৰি প্ৰতিবেদন চৰকাৰ ৰাজ্য জিলা সভা বিষয়া আজি কালি ঘোষণা কাৰ্যসূচী উন্নয়ন প্ৰকল্প জনসাধাৰণ অসম বাণী বাতৰি প্ৰতিবেদন চৰকাৰ ৰাজ্য জিলা সভা বিষয়া আজি কালি ঘোষণা কাৰ্যসূচী উন্নয়ন প্ৰকল্প জনসাধাৰণ অসম বাণী বাতৰি প্ৰতিবেদন চৰকাৰ ৰাজ্য জিলা সভা বিষয়া আজি কালি ঘোষণা কাৰ্যসূচী উন্নয়ন প্ৰকল্প জনসাধাৰণ অসম বাণী বাতৰি প্ৰতিবেদন চৰকাৰ ৰাজ্য জিলা সভা বিষয়া আজি কালি ঘোষণা কাৰ্যসূচী উন্নয়ন প্ৰকল্প জনসাধাৰণ অসম বাণী বাতৰি প্ৰতিবেদন চৰকাৰ ৰাজ্য জিলা সভা বিষয়া আজি কালি ঘোষণা কাৰ্যসূচী উন্নয়ন প্ৰকল্প জনসাধাৰণ
মুখ্যমন্ত্ৰীক প্ৰশ্ন ঋতুৰতাই
অসম বাণী বাতৰি প্ৰতিবেদন চৰকাৰ ৰাজ্য জিলা সভা বিষয়া আজি কালি ঘোষণা কাৰ্যসূচী উন্নয়ন প্ৰকল্প জনসাধাৰণ অসম বাণী বাতৰি প্ৰতিবেদন চৰকাৰ ৰাজ্য জিলা সভা বিষয়া আজি কালি ঘোষণা কাৰ্যসূচী উন্নয়ন প্ৰকল্প জনসাধাৰণ অসম বাণী বাতৰি প্ৰতিবেদন চৰকাৰ ৰাজ্য জিলা সভা বিষয়া আজি কালি ঘোষণা কাৰ্যসূচী উন্নয়ন প্ৰকল্প জনসাধাৰণ অসম বাণী বাতৰি প্ৰতিবেদন চৰকাৰ ৰাজ্য জিলা সভা বিষয়া আজি কালি ঘোষণা কাৰ্যসূচী উন্নয়ন প্ৰকল্প জনসাধাৰণ অসম বাণী বাতৰি প্ৰতিবেদন চৰকাৰ ৰাজ্য জিলা সভা বিষয়া আজি কালি ঘোষণা কাৰ্যসূচী উন্নয়ন প্ৰকল্প জনসাধাৰণ অসম বাণী বাতৰি প্ৰতিবেদন চৰকাৰ ৰাজ্য জিলা সভা বিষয়া আজি কালি ঘোষণা কাৰ্যসূচী উন্নয়ন প্ৰকল্প জনসাধাৰণ অসম বাণী বাতৰি প্ৰতিবেদন চৰকাৰ ৰাজ্য জিলা সভা বিষয়া আজি কালি ঘোষণা কাৰ্যসূচী উন্নয়ন প্ৰকল্প জনসাধাৰণ অসম বাণী বাতৰি প্ৰতিবেদন চৰকাৰ ৰাজ্য জিলা সভা বিষয়া আজি কালি ঘোষণা কাৰ্যসূচী উন্নয়ন প্ৰকল্প জনসাধাৰণ অসম বাণী বাতৰি প্ৰতিবেদন চৰকাৰ ৰাজ্য জিলা সভা বিষয়া আজি কালি ঘোষণা কাৰ্যসূচী উন্নয়ন প্ৰকল্প জনসাধাৰণ অসম বাণী বাতৰি প্ৰতিবেদন চৰকাৰ ৰাজ্য জিলা সভা বিষয়া আজি কালি ঘোষণা কাৰ্যসূচী উন্নয়ন প্ৰকল্প জনসাধাৰণ অসম বাণী বাতৰি প্ৰতিবেদন চৰকাৰ ৰাজ্য জিলা সভা বিষয়া আজি কালি ঘোষণা কাৰ্যসূচী উন্নয়ন প্ৰকল্প জনসাধাৰণ অসম বাণী বাতৰি প্ৰতিবেদন চৰকাৰ ৰাজ্য জিলা সভা বিষয়া আজি কালি ঘোষণা কাৰ্যসূচী উন্নয়ন প্ৰকল্প জনসাধাৰণ অসম বাণী বাতৰি প্ৰতিবেদন চৰকাৰ ৰাজ্য জিলা সভা বিষয়া আজি কালি ঘোষণা কাৰ্যসূচী উন্নয়ন প্ৰকল্প জনসাধাৰণ অসম বাণী বাতৰি প্ৰতিবেদন চৰকাৰ ৰাজ্য জিলা সভা বিষয়া আজি কালি ঘোষণা কাৰ্যসূচী উন্নয়ন প্ৰকল্প জনসাধাৰণ অসম বাণী বাতৰি প্ৰতিবেদন চৰকাৰ ৰাজ্য জিলা সভা বিষয়া আজি কালি ঘোষণা কাৰ্যসূচী উন্নয়ন প্ৰকল্প জনসাধাৰণ অসম বাণী বাতৰি প্ৰতিবেদন চৰকাৰ ৰাজ্য জিলা সভা বিষয়া আজি কালি ঘোষণা কাৰ্যসূচী উন্নয়ন প্ৰকল্প জনসাধাৰণ অসম বাণী বাতৰি প্ৰতিবেদন চৰকাৰ ৰাজ্য জিলা সভা বিষয়া আজি কালি ঘোষণা কাৰ্যসূচী উন্নয়ন প্ৰকল্প জনসাধাৰণ অসম বাণী বাতৰি প্ৰতিবেদন চৰকাৰ ৰাজ্য জিলা সভা বিষয়া আজি কালি ঘোষণা কাৰ্যসূচী উন্নয়ন প্ৰকল্প জনসাধাৰণ অসম বাণী বাতৰি প্ৰতিবেদন চৰকাৰ ৰাজ্য জিলা সভা বিষয়া আজি কালি ঘোষণা কাৰ্যসূচী উন্নয়ন প্ৰকল্প জনসাধাৰণ অসম বাণী বাতৰি প্ৰতিবেদন চৰকাৰ ৰাজ্য জিলা সভা বিষয়া আজি কালি ঘোষণা কাৰ্যসূচী উন্নয়ন প্ৰকল্প জনসাধাৰণ অসম বাণী বাতৰি প্ৰতিবেদন চৰকাৰ ৰাজ্য জিলা সভা বিষয়া আজি কালি ঘোষণা কাৰ্যসূচী উন্নয়ন প্ৰকল্প জনসাধাৰণ অসম বাণী বাতৰি প্ৰতিবেদন চৰকাৰ ৰাজ্য জিলা সভা বিষয়া আজি কালি ঘোষণা কাৰ্যসূচী উন্নয়ন প্ৰকল্প জনসাধাৰণ অসম বাণী বাতৰি প্ৰতিবেদন চৰকাৰ ৰাজ্য জিলা সভা বিষয়া আজি কালি ঘোষণা কাৰ্যসূচী উন্নয়ন প্ৰকল্প জনসাধাৰণ অসম বাণী বাতৰি প্ৰতিবেদন চৰকাৰ ৰাজ্য জিলা সভা বিষয়া আজি কালি ঘোষণা কাৰ্যসূচী উন্নয়ন প্ৰকল্প জনসাধাৰণ অসম বাণী বাতৰি প্ৰতিবেদন চৰকাৰ ৰাজ্য জিলা সভা বিষয়া আজি কালি ঘোষণা কাৰ্যসূচী উন্নয়ন প্ৰকল্প জনসাধাৰণ অসম বাণী বাতৰি প্ৰতিবেদন চৰকাৰ ৰাজ্য জিলা সভা বিষয়া আজি কালি ঘোষণা কাৰ্যসূচী উন্নয়ন প্ৰকল্প জনসাধাৰণ অসম বাণী বাতৰি প্ৰতিবেদন চৰকাৰ ৰাজ্য জিলা সভা বিষয়া আজি কালি ঘোষণা কাৰ্যসূচী উন্নয়ন প্ৰকল্প জনসাধাৰণ অসম বাণী বাতৰি প্ৰতিবেদন চৰকাৰ ৰাজ্য জিলা সভা বিষয়া আজি কালি ঘোষণা কাৰ্যসূচী উন্নয়ন প্ৰকল্প জনসাধাৰণ অসম বাণী বাতৰি প্ৰতিবেদন চৰকাৰ ৰাজ্য জিলা সভা বিষয়া আজি কালি ঘোষণা কাৰ্যসূচী উন্নয়ন প্ৰকল্প জনসাধাৰণ অসম বাণী বাতৰি প্ৰতিবেদন চৰকাৰ ৰাজ্য জিলা সভা বিষয়া আজি কালি ঘোষণা কাৰ্যসূচী উন্নয়ন প্ৰকল্প জনসাধাৰণ অসম বাণী বাতৰি প্ৰতিবেদন চৰকাৰ ৰাজ্য জিলা সভা বিষয়া আজি কালি ঘোষণা কাৰ্যসূচী উন্নয়ন প্ৰকল্প জনসাধাৰণ অসম বাণী বাতৰি প্ৰতিবেদন চৰকাৰ ৰাজ্য জিলা সভা বিষয়া আজি কালি ঘোষণা কাৰ্যসূচী উন্নয়ন প্ৰকল্প জনসাধাৰণ অসম বাণী বাতৰি প্ৰতিবেদন চৰকাৰ ৰাজ্য জিলা সভা বিষয়া আজি কালি ঘোষণা কাৰ্যসূচী উন্নয়ন প্ৰকল্প জনসাধাৰণ অসম বাণী বাতৰি প্ৰতিবেদন চৰকাৰ ৰাজ্য জিলা সভা বিষয়া আজি কালি ঘোষণা কাৰ্যসূচী উন্নয়ন প্ৰকল্প জনসাধাৰণ অসম বাণী বাতৰি প্ৰতিবেদন চৰকাৰ ৰাজ্য জিলা সভা বিষয়া আজি কালি ঘোষণা কাৰ্যসূচী উন্নয়ন প্ৰকল্প জনসাধাৰণ অসম বাণী বাতৰি প্ৰতিবেদন চৰকাৰ ৰাজ্য জিলা সভা বিষয়া আজি কালি ঘোষণা কাৰ্যসূচী উন্নয়ন প্ৰকল্প জনসাধাৰণ অসম বাণী বাতৰি প্ৰতিবেদন চৰকাৰ ৰাজ্য জিলা সভা বিষয়া আজি কালি ঘোষণা কাৰ্যসূচী উন্নয়ন প্ৰকল্প জনসাধাৰণ অসম বাণী বাতৰি প্ৰতিবেদন চৰকাৰ ৰাজ্য জিলা সভা বিষয়া আজি কালি ঘোষণা কাৰ্যসূচী উন্নয়ন প্ৰকল্প জনসাধাৰণ অসম বাণী বাতৰি প্ৰতিবেদন চৰকাৰ ৰাজ্য জিলা সভা বিষয়া আজি কালি ঘোষণা কাৰ্যসূচী উন্নয়ন প্ৰকল্প জনসাধাৰণ অসম বাণী বাতৰি প্ৰতিবেদন চৰকাৰ ৰাজ্য জিলা সভা বিষয়া আজি কালি ঘোষণা কাৰ্যসূচী উন্নয়ন প্ৰকল্প জনসাধাৰণ অসম বাণী বাতৰি প্ৰতিবেদন চৰকাৰ ৰাজ্য জিলা সভা বিষয়া আজি কালি ঘোষণা কাৰ্যসূচী উন্নয়ন প্ৰকল্প জনসাধাৰণ অসম বাণী বাতৰি প্ৰতিবেদন চৰকাৰ ৰাজ্য জিলা সভা বিষয়া আজি কালি ঘোষণা কাৰ্যসূচী উন্নয়ন প্ৰকল্প জনসাধাৰণ অসম বাণী বাতৰি প্ৰতিবেদন চৰকাৰ ৰাজ্য জিলা সভা বিষয়া আজি কালি ঘোষণা কাৰ্যসূচী উন্নয়ন প্ৰকল্প জনসাধাৰণ অসম বাণী বাতৰি প্ৰতিবেদন চৰকাৰ ৰাজ্য জিলা সভা বিষয়া আজি কালি ঘোষণা কাৰ্যসূচী উন্নয়ন প্ৰকল্প জনসাধাৰণ অসম বাণী বাতৰি প্ৰতিবেদন চৰকাৰ ৰাজ্য জিলা সভা বিষয়া আজি কালি ঘোষণা কাৰ্যসূচী উন্নয়ন প্ৰকল্প জনসাধাৰণ অসম বাণী বাতৰি প্ৰতিবেদন চৰকাৰ ৰাজ্য জিলা সভা বিষয়া আজি কালি ঘোষণা কাৰ্যসূচী উন্নয়ন প্ৰকল্প জনসাধাৰণ অসম বাণী বাতৰি প্ৰতিবেদন চৰকাৰ ৰাজ্য জিলা সভা বিষয়া আজি কালি ঘোষণা কাৰ্যসূচী উন্নয়ন প্ৰকল্প জনসাধাৰণ অসম বাণী বাতৰি প্ৰতিবেদন চৰকাৰ ৰাজ্য জিলা সভা বিষয়া আজি কালি ঘোষণা কাৰ্যসূচী উন্নয়ন প্ৰকল্প জনসাধাৰণ অসম বাণী বাতৰি প্ৰতিবেদন চৰকাৰ ৰাজ্য জিলা সভা বিষয়া আজি কালি ঘোষণা কাৰ্যসূচী উন্নয়ন প্ৰকল্প জনসাধাৰণ অসম বাণী বাতৰি প্ৰতিবেদন চৰকাৰ ৰাজ্য জিলা সভা বিষয়া আজি কালি ঘোষণা কাৰ্যসূচী উন্নয়ন প্ৰকল্প জনসাধাৰণ অসম বাণী বাতৰি প্ৰতিবেদন চৰকাৰ ৰাজ্য জিলা সভা বিষয়া আজি কালি ঘোষণা কাৰ্যসূচী উন্নয়ন প্ৰকল্প জনসাধাৰণ অসম বাণী বাতৰি প্ৰতিবেদন চৰকাৰ ৰাজ্য জিলা সভা বিষয়া আজি কালি ঘোষণা কাৰ্যসূচী উন্নয়ন প্ৰকল্প জনসাধাৰণ অসম বাণী বাতৰি প্ৰতিবেদন চৰকাৰ ৰাজ্য জিলা সভা বিষয়া আজি কালি ঘোষণা কাৰ্যসূচী উন্নয়ন প্ৰকল্প জনসাধাৰণ অসম বাণী বাতৰি প্ৰতিবেদন চৰকাৰ ৰাজ্য জিলা সভা বিষয়া আজি কালি ঘোষণা কাৰ্যসূচী উন্নয়ন প্ৰকল্প জনসাধাৰণ অসম বাণী বাতৰি প্ৰতিবেদন চৰকাৰ ৰাজ্য জিলা সভা বিষয়া আজি কালি ঘোষণা কাৰ্যসূচী উন্নয়ন প্ৰকল্প জনসাধাৰণ অসম বাণী বাতৰি প্ৰতিবেদন চৰকাৰ ৰাজ্য জিলা সভা বিষয়া আজি কালি ঘোষণা কাৰ্যসূচী উন্নয়ন প্ৰকল্প জনসাধাৰণ
দ্ৰুত অৰ্থনৈতিক বিকাশৰ পাঁচবছৰ
অসম বাণী বাতৰি প্ৰতিবেদন চৰকাৰ ৰাজ্য জিলা সভা বিষয়া আজি কালি ঘোষণা কাৰ্যসূচী উন্নয়ন প্ৰকল্প জনসাধাৰণ অসম বাণী বাতৰি প্ৰতিবেদন চৰকাৰ ৰাজ্য জিলা সভা বিষয়া আজি কালি ঘোষণা কাৰ্যসূচী উন্নয়ন প্ৰকল্প জনসাধাৰণ অসম বাণী বাতৰি প্ৰতিবেদন চৰকাৰ ৰাজ্য জিলা সভা বিষয়া আজি কালি ঘোষণা কাৰ্যসূচী উন্নয়ন প্ৰকল্প জনসাধাৰণ অসম বাণী বাতৰি প্ৰতিবেদন চৰকাৰ ৰাজ্য জিলা সভা বিষয়া আজি কালি ঘোষণা কাৰ্যসূচী উন্নয়ন প্ৰকল্প জনসাধাৰণ অসম বাণী বাতৰি প্ৰতিবেদন চৰকাৰ ৰাজ্য জিলা সভা বিষয়া আজি কালি ঘোষণা কাৰ্যসূচী উন্নয়ন প্ৰকল্প জনসাধাৰণ অসম বাণী বাতৰি প্ৰতিবেদন চৰকাৰ ৰাজ্য জিলা সভা বিষয়া আজি কালি ঘোষণা কাৰ্যসূচী উন্নয়ন প্ৰকল্প জনসাধাৰণ অসম বাণী বাতৰি প্ৰতিবেদন চৰকাৰ ৰাজ্য জিলা সভা বিষয়া আজি কালি ঘোষণা কাৰ্যসূচী উন্নয়ন প্ৰকল্প জনসাধাৰণ অসম বাণী বাতৰি প্ৰতিবেদন চৰকাৰ ৰাজ্য জিলা সভা বিষয়া আজি কালি ঘোষণা কাৰ্যসূচী উন্নয়ন প্ৰকল্প জনসাধাৰণ অসম বাণী বাতৰি প্ৰতিবেদন চৰকাৰ ৰাজ্য জিলা সভা বিষয়া আজি কালি ঘোষণা কাৰ্যসূচী উন্নয়ন প্ৰকল্প জনসাধাৰণ অসম বাণী বাতৰি প্ৰতিবেদন চৰকাৰ ৰাজ্য জিলা সভা বিষয়া আজি কালি ঘোষণা কাৰ্যসূচী উন্নয়ন প্ৰকল্প জনসাধাৰণ অসম বাণী বাতৰি প্ৰতিবেদন চৰকাৰ ৰাজ্য জিলা সভা বিষয়া আজি কালি ঘোষণা কাৰ্যসূচী উন্নয়ন প্ৰকল্প জনসাধাৰণ অসম বাণী বাতৰি প্ৰতিবেদন চৰকাৰ ৰাজ্য জিলা সভা বিষয়া আজি কালি ঘোষণা কাৰ্যসূচী উন্নয়ন প্ৰকল্প জনসাধাৰণ অসম বাণী বাতৰি প্ৰতিবেদন চৰকাৰ ৰাজ্য জিলা সভা বিষয়া আজি কালি ঘোষণা কাৰ্যসূচী উন্নয়ন প্ৰকল্প জনসাধাৰণ অসম বাণী বাতৰি প্ৰতিবেদন চৰকাৰ ৰাজ্য জিলা সভা বিষয়া আজি কালি ঘোষণা কাৰ্যসূচী উন্নয়ন প্ৰকল্প জনসাধাৰণ অসম বাণী বাতৰি প্ৰতিবেদন চৰকাৰ ৰাজ্য জিলা সভা বিষয়া আজি কালি ঘোষণা কাৰ্যসূচী উন্নয়ন প্ৰকল্প জনসাধাৰণ অসম বাণী বাতৰি প্ৰতিবেদন চৰকাৰ ৰাজ্য জিলা সভা বিষয়া আজি কালি ঘোষণা কাৰ্যসূচী উন্নয়ন প্ৰকল্প জনসাধাৰণ অসম বাণী বাতৰি প্ৰতিবেদন চৰকাৰ ৰাজ্য জিলা সভা বিষয়া আজি কালি ঘোষণা কাৰ্যসূচী উন্নয়ন প্ৰকল্প জনসাধাৰণ অসম বাণী বাতৰি প্ৰতিবেদন চৰকাৰ ৰাজ্য জিলা সভা বিষয়া আজি কালি ঘোষণা কাৰ্যসূচী উন্নয়ন প্ৰকল্প জনসাধাৰণ অসম বাণী বাতৰি প্ৰতিবেদন চৰকাৰ ৰাজ্য জিলা সভা বিষয়া আজি কালি ঘোষণা কাৰ্যসূচী উন্নয়ন প্ৰকল্প জনসাধাৰণ অসম বাণী বাতৰি প্ৰতিবেদন চৰকাৰ ৰাজ্য জিলা সভা বিষয়া আজি কালি ঘোষণা কাৰ্যসূচী উন্নয়ন প্ৰকল্প জনসাধাৰণ অসম বাণী বাতৰি প্ৰতিবেদন চৰকাৰ ৰাজ্য জিলা সভা বিষয়া আজি কালি ঘোষণা কাৰ্যসূচী উন্নয়ন প্ৰকল্প জনসাধাৰণ অসম বাণী বাতৰি প্ৰতিবেদন চৰকাৰ ৰাজ্য জিলা সভা বিষয়া আজি কালি ঘোষণা কাৰ্যসূচী উন্নয়ন প্ৰকল্প জনসাধাৰণ অসম বাণী বাতৰি প্ৰতিবেদন চৰকাৰ ৰাজ্য জিলা সভা বিষয়া আজি কালি ঘোষণা কাৰ্যসূচী উন্নয়ন প্ৰকল্প জনসাধাৰণ অসম বাণী বাতৰি প্ৰতিবেদন চৰকাৰ ৰাজ্য জিলা সভা বিষয়া আজি কালি ঘোষণা কাৰ্যসূচী উন্নয়ন প্ৰকল্প জনসাধাৰণ অসম বাণী বাতৰি প্ৰতিবেদন চৰকাৰ ৰাজ্য জিলা সভা বিষয়া আজি কালি ঘোষণা কাৰ্যসূচী উন্নয়ন প্ৰকল্প জনসাধাৰণ অসম বাণী বাতৰি প্ৰতিবেদন চৰকাৰ ৰাজ্য জিলা সভা বিষয়া আজি কালি ঘোষণা কাৰ্যসূচী উন্নয়ন প্ৰকল্প জনসাধাৰণ অসম বাণী বাতৰি প্ৰতিবেদন চৰকাৰ ৰাজ্য জিলা সভা বিষয়া আজি কালি ঘোষণা কাৰ্যসূচী উন্নয়ন প্ৰকল্প জনসাধাৰণ অসম বাণী বাতৰি প্ৰতিবেদন চৰকাৰ ৰাজ্য জিলা সভা বিষয়া আজি কালি ঘোষণা কাৰ্যসূচী উন্নয়ন প্ৰকল্প জনসাধাৰণ অসম বাণী বাতৰি প্ৰতিবেদন চৰকাৰ ৰাজ্য জিলা সভা বিষয়া আজি কালি ঘোষণা কাৰ্যসূচী উন্নয়ন প্ৰকল্প জনসাধাৰণ অসম বাণী বাতৰি প্ৰতিবেদন চৰকাৰ ৰাজ্য জিলা সভা বিষয়া আজি কালি ঘোষণা কাৰ্যসূচী উন্নয়ন প্ৰকল্প জনসাধাৰণ অসম বাণী বাতৰি প্ৰতিবেদন চৰকাৰ ৰাজ্য জিলা সভা বিষয়া আজি কালি ঘোষণা কাৰ্যসূচী উন্নয়ন প্ৰকল্প জনসাধাৰণ অসম বাণী বাতৰি প্ৰতিবেদন চৰকাৰ ৰাজ্য জিলা সভা বিষয়া আজি কালি ঘোষণা কাৰ্যসূচী উন্নয়ন প্ৰকল্প জনসাধাৰণ অসম বাণী বাতৰি প্ৰতিবেদন চৰকাৰ ৰাজ্য জিলা সভা বিষয়া আজি কালি ঘোষণা কাৰ্যসূচী উন্নয়ন প্ৰকল্প জনসাধাৰণ অসম বাণী বাতৰি প্ৰতিবেদন চৰকাৰ ৰাজ্য জিলা সভা বিষয়া আজি কালি ঘোষণা কাৰ্যসূচী উন্নয়ন প্ৰকল্প জনসাধাৰণ অসম বাণী বাতৰি প্ৰতিবেদন চৰকাৰ ৰাজ্য জিলা সভা বিষয়া আজি কালি ঘোষণা কাৰ্যসূচী উন্নয়ন প্ৰকল্প জনসাধাৰণ অসম বাণী বাতৰি প্ৰতিবেদন চৰকাৰ ৰাজ্য জিলা সভা বিষয়া আজি কালি ঘোষণা কাৰ্যসূচী উন্নয়ন প্ৰকল্প জনসাধাৰণ অসম বাণী বাতৰি প্ৰতিবেদন চৰকাৰ ৰাজ্য জিলা সভা বিষয়া আজি কালি ঘোষণা কাৰ্যসূচী উন্নয়ন প্ৰকল্প জনসাধাৰণ অসম বাণী বাতৰি প্ৰতিবেদন চৰকাৰ ৰাজ্য জিলা সভা বিষয়া আজি কালি ঘোষণা কাৰ্যসূচী উন্নয়ন প্ৰকল্প জনসাধাৰণ অসম বাণী বাতৰি প্ৰতিবেদন চৰকাৰ ৰাজ্য জিলা সভা বিষয়া আজি কালি ঘোষণা কাৰ্যসূচী উন্নয়ন প্ৰকল্প জনসাধাৰণ অসম বাণী বাতৰি প্ৰতিবেদন চৰকাৰ ৰাজ্য জিলা সভা বিষয়া আজি কালি ঘোষণা কাৰ্যসূচী উন্নয়ন প্ৰকল্প জনসাধাৰণ অসম বাণী বাতৰি প্ৰতিবেদন চৰকাৰ ৰাজ্য জিলা সভা বিষয়া আজি কালি ঘোষণা কাৰ্যসূচী উন্নয়ন প্ৰকল্প জনসাধাৰণ অসম বাণী বাতৰি প্ৰতিবেদন চৰকাৰ ৰাজ্য জিলা সভা বিষয়া আজি কালি ঘোষণা কাৰ্যসূচী উন্নয়ন প্ৰকল্প জনসাধাৰণ অসম বাণী বাতৰি প্ৰতিবেদন চৰকাৰ ৰাজ্য জিলা সভা বিষয়া আজি কালি ঘোষণা কাৰ্যসূচী উন্নয়ন প্ৰকল্প জনসাধাৰণ অসম বাণী বাতৰি প্ৰতিবেদন চৰকাৰ ৰাজ্য জিলা সভা বিষয়া আজি কালি ঘোষণা কাৰ্যসূচী উন্নয়ন প্ৰকল্প জনসাধাৰণ অসম বাণী বাতৰি প্ৰতিবেদন চৰকাৰ ৰাজ্য জিলা সভা বিষয়া আজি কালি ঘোষণা কাৰ্যসূচী উন্নয়ন প্ৰকল্প জনসাধাৰণ অসম বাণী বাতৰি প্ৰতিবেদন চৰকাৰ ৰাজ্য জিলা সভা বিষয়া আজি কালি ঘোষণা কাৰ্যসূচী উন্নয়ন প্ৰকল্প জনসাধাৰণ অসম বাণী বাতৰি প্ৰতিবেদন চৰকাৰ ৰাজ্য জিলা সভা বিষয়া আজি কালি ঘোষণা কাৰ্যসূচী উন্নয়ন প্ৰকল্প জনসাধাৰণ অসম বাণী বাতৰি প্ৰতিবেদন চৰকাৰ ৰাজ্য জিলা সভা বিষয়া আজি কালি ঘোষণা কাৰ্যসূচী উন্নয়ন প্ৰকল্প জনসাধাৰণ অসম বাণী বাতৰি প্ৰতিবেদন চৰকাৰ ৰাজ্য জিলা সভা বিষয়া আজি কালি ঘোষণা কাৰ্যসূচী উন্নয়ন প্ৰকল্প জনসাধাৰণ অসম বাণী বাতৰি প্ৰতিবেদন চৰকাৰ ৰাজ্য জিলা সভা বিষয়া আজি কালি ঘোষণা কাৰ্যসূচী উন্নয়ন প্ৰকল্প জনসাধাৰণ অসম বাণী বাতৰি প্ৰতিবেদন চৰকাৰ ৰাজ্য জিলা সভা বিষয়া আজি কালি ঘোষণা কাৰ্যসূচী উন্নয়ন প্ৰকল্প জনসাধাৰণ অসম বাণী বাতৰি প্ৰতিবেদন চৰকাৰ ৰাজ্য জিলা সভা বিষয়া আজি কালি ঘোষণা কাৰ্যসূচী উন্নয়ন প্ৰকল্প জনসাধাৰণ অসম বাণী বাতৰি প্ৰতিবেদন চৰকাৰ ৰাজ্য জিলা সভা বিষয়া আজি কালি ঘোষণা কাৰ্যসূচী উন্নয়ন প্ৰকল্প জনসাধাৰণ অসম বাণী বাতৰি প্ৰতিবেদন চৰকাৰ ৰাজ্য জিলা সভা বিষয়া আজি কালি ঘোষণা কাৰ্যসূচী উন্নয়ন প্ৰকল্প জনসাধাৰণ অসম বাণী বাতৰি প্ৰতিবেদন চৰকাৰ ৰাজ্য জিলা সভা বিষয়া আজি কালি ঘোষণা কাৰ্যসূচী উন্নয়ন প্ৰকল্প জনসাধাৰণ অসম বাণী বাতৰি প্ৰতিবেদন চৰকাৰ ৰাজ্য জিলা সভা বিষয়া আজি কালি ঘোষণা কাৰ্যসূচী উন্নয়ন প্ৰকল্প জনসাধাৰণ অসম বাণী বাতৰি প্ৰতিবেদন চৰকাৰ ৰাজ্য জিলা সভা বিষয়া আজি কালি ঘোষণা কাৰ্যসূচী উন্নয়ন প্ৰকল্প জনসাধাৰণ অসম বাণী বাতৰি প্ৰতিবেদন চৰকাৰ ৰাজ্য জিলা সভা বিষয়া আজি কালি ঘোষণা কাৰ্যসূচী উন্নয়ন প্ৰকল্প জনসাধাৰণ অসম বাণী বাতৰি প্ৰতিবেদন চৰকাৰ ৰাজ্য জিলা সভা বিষয়া আজি কালি ঘোষণা কাৰ্যসূচী উন্নয়ন প্ৰকল্প জনসাধাৰণ অসম বাণী বাতৰি প্ৰতিবেদন চৰকাৰ ৰাজ্য জিলা সভা বিষয়া আজি কালি ঘোষণা কাৰ্যসূচী উন্নয়ন প্ৰকল্প জনসাধাৰণ অসম বাণী বাতৰি প্ৰতিবেদন চৰকাৰ ৰাজ্য জিলা সভা বিষয়া আজি কালি ঘোষণা কাৰ্যসূচী উন্নয়ন প্ৰকল্প জনসাধাৰণ অসম বাণী বাতৰি প্ৰতিবেদন চৰকাৰ ৰাজ্য জিলা সভা বিষয়া আজি কালি ঘোষণা কাৰ্যসূচী উন্নয়ন প্ৰকল্প জনসাধাৰণ অসম বাণী বাতৰি প্ৰতিবেদন চৰকাৰ ৰাজ্য জিলা সভা বিষয়া আজি কালি ঘোষণা কাৰ্যসূচী উন্নয়ন প্ৰকল্প জনসাধাৰণ অসম বাণী বাতৰি প্ৰতিবেদন চৰকাৰ ৰাজ্য জিলা সভা বিষয়া আজি কালি ঘোষণা কাৰ্যসূচী উন্নয়ন প্ৰকল্প জনসাধাৰণ অসম বাণী বাতৰি প্ৰতিবেদন চৰকাৰ ৰাজ্য জিলা সভা বিষয়া আজি কালি ঘোষণা কাৰ্যসূচী উন্নয়ন প্ৰকল্প জনসাধাৰণ অসম বাণী বাতৰি প্ৰতিবেদন চৰকাৰ ৰাজ্য জিলা সভা বিষয়া আজি কালি ঘোষণা কাৰ্যসূচী উন্নয়ন প্ৰকল্প জনসাধাৰণ অসম বাণী বাতৰি প্ৰতিবেদন চৰকাৰ ৰাজ্য জিলা সভা বিষয়া আজি কালি ঘোষণা কাৰ্যসূচী উন্নয়ন প্ৰকল্প জনসাধাৰণ অসম বাণী বাতৰি প্ৰতিবেদন চৰকাৰ ৰাজ্য জিলা সভা বিষয়া আজি কালি ঘোষণা কাৰ্যসূচী উন্নয়ন প্ৰকল্প জনসাধাৰণ অসম বাণী বাতৰি প্ৰতিবেদন চৰকাৰ ৰাজ্য জিলা সভা বিষয়া আজি কালি ঘোষণা কাৰ্যসূচী উন্নয়ন প্ৰকল্প জনসাধাৰণ অসম বাণী বাতৰি প্ৰতিবেদন চৰকাৰ ৰাজ্য জিলা সভা বিষয়া আজি কালি ঘোষণা কাৰ্যসূচী উন্নয়ন প্ৰকল্প জনসাধাৰণ অসম বাণী বাতৰি প্ৰতিবেদন চৰকাৰ ৰাজ্য জিলা সভা বিষয়া আজি কালি ঘোষণা কাৰ্যসূচী উন্নয়ন প্ৰকল্প জনসাধাৰণ অসম বাণী বাতৰি প্ৰতিবেদন চৰকাৰ ৰাজ্য জিলা সভা বিষয়া আজি কালি ঘোষণা কাৰ্যসূচী উন্নয়ন প্ৰকল্প জনসাধাৰণ অসম বাণী বাতৰি প্ৰতিবেদন চৰকাৰ ৰাজ্য জিলা সভা বিষয়া আজি কালি ঘোষণা কাৰ্যসূচী উন্নয়ন প্ৰকল্প জনসাধাৰণ অসম বাণী বাতৰি প্ৰতিবেদন চৰকাৰ ৰাজ্য জিলা সভা বিষয়া আজি কালি ঘোষণা কাৰ্যসূচী উন্নয়ন প্ৰকল্প জনসাধাৰণ অসম বাণী বাতৰি প্ৰতিবেদন চৰকাৰ ৰাজ্য জিলা সভা বিষয়া আজি কালি ঘোষণা কাৰ্যসূচী উন্নয়ন প্ৰকল্প জনসাধাৰণ অসম বাণী বাতৰি প্ৰতিবেদন চৰকাৰ ৰাজ্য জিলা সভা বিষয়া আজি কালি ঘোষণা কাৰ্যসূচী উন্নয়ন প্ৰকল্প জনসাধাৰণ অসম বাণী বাতৰি প্ৰতিবেদন চৰকাৰ ৰাজ্য জিলা সভা বিষয়া আজি কালি ঘোষণা কাৰ্যসূচী উন্নয়ন প্ৰকল্প জনসাধাৰণ অসম বাণী বাতৰি প্ৰতিবেদন চৰকাৰ ৰাজ্য জিলা সভা বিষয়া আজি কালি ঘোষণা কাৰ্যসূচী উন্নয়ন প্ৰকল্প জনসাধাৰণ অসম বাণী বাতৰি প্ৰতিবেদন চৰকাৰ ৰাজ্য জিলা সভা বিষয়া আজি কালি ঘোষণা কাৰ্যসূচী উন্নয়ন প্ৰকল্প জনসাধাৰণ অসম বাণী বাতৰি প্ৰতিবেদন চৰকাৰ ৰাজ্য জিলা সভা বিষয়া আজি কালি ঘোষণা কাৰ্যসূচী উন্নয়ন প্ৰকল্প জনসাধাৰণ অসম বাণী বাতৰি প্ৰতিবেদন চৰকাৰ ৰাজ্য জিলা সভা বিষয়া আজি কালি ঘোষণা কাৰ্যসূচী উন্নয়ন প্ৰকল্প জনসাধাৰণ অসম বাণী বাতৰি প্ৰতিবেদন চৰকাৰ ৰাজ্য জিলা সভা বিষয়া আজি কালি ঘোষণা কাৰ্যসূচী উন্নয়ন প্ৰকল্প জনসাধাৰণ অসম বাণী বাতৰি প্ৰতিবেদন চৰকাৰ ৰাজ্য জিলা সভা বিষয়া আজি কালি ঘোষণা কাৰ্যসূচী উন্নয়ন প্ৰকল্প জনসাধাৰণ অসম বাণী বাতৰি প্ৰতিবেদন চৰকাৰ ৰাজ্য জিলা সভা বিষয়া আজি কালি ঘোষণা কাৰ্যসূচী উন্নয়ন প্ৰকল্প জনসাধাৰণ অসম বাণী বাতৰি প্ৰতিবেদন চৰকাৰ ৰাজ্য জিলা সভা বিষয়া আজি কালি ঘোষণা কাৰ্যসূচী উন্নয়ন প্ৰকল্প জনসাধাৰণ অসম বাণী বাতৰি প্ৰতিবেদন চৰকাৰ ৰাজ্য জিলা সভা বিষয়া আজি কালি ঘোষণা কাৰ্যসূচী উন্নয়ন প্ৰকল্প জনসাধাৰণ অসম বাণী বাতৰি প্ৰতিবেদন চৰকাৰ ৰাজ্য জিলা সভা বিষয়া আজি কালি ঘোষণা কাৰ্যসূচী উন্নয়ন প্ৰকল্প জনসাধাৰণ অসম বাণী বাতৰি প্ৰতিবেদন চৰকাৰ ৰাজ্য জিলা সভা বিষয়া আজি কালি ঘোষণা কাৰ্যসূচী উন্নয়ন প্ৰকল্প জনসাধাৰণ
নিবাসগাঁৱত নৱাগীসন্ত
অসম বাণী বাতৰি প্ৰতিবেদন চৰকাৰ ৰাজ্য জিলা সভা বিষয়া আজি কালি ঘোষণা কাৰ্যসূচী উন্নয়ন প্ৰকল্প জনসাধাৰণ অসম বাণী বাতৰি প্ৰতিবেদন চৰকাৰ ৰাজ্য জিলা সভা বিষয়া আজি কালি ঘোষণা কাৰ্যসূচী উন্নয়ন প্ৰকল্প জনসাধাৰণ অসম বাণী বাতৰি প্ৰতিবেদন চৰকাৰ ৰাজ্য জিলা সভা বিষয়া আজি কালি ঘোষণা কাৰ্যসূচী উন্নয়ন প্ৰকল্প জনসাধাৰণ অসম বাণী বাতৰি প্ৰতিবেদন চৰকাৰ ৰাজ্য জিলা সভা বিষয়া আজি কালি ঘোষণা কাৰ্যসূচী উন্নয়ন প্ৰকল্প জনসাধাৰণ অসম বাণী বাতৰি প্ৰতিবেদন চৰকাৰ ৰাজ্য জিলা সভা বিষয়া আজি কালি ঘোষণা কাৰ্যসূচী উন্নয়ন প্ৰকল্প জনসাধাৰণ অসম বাণী বাতৰি প্ৰতিবেদন চৰকাৰ ৰাজ্য জিলা সভা বিষয়া আজি কালি ঘোষণা কাৰ্যসূচী উন্নয়ন প্ৰকল্প জনসাধাৰণ অসম বাণী বাতৰি প্ৰতিবেদন চৰকাৰ ৰাজ্য জিলা সভা বিষয়া আজি কালি ঘোষণা কাৰ্যসূচী উন্নয়ন প্ৰকল্প জনসাধাৰণ অসম বাণী বাতৰি প্ৰতিবেদন চৰকাৰ ৰাজ্য জিলা সভা বিষয়া আজি কালি ঘোষণা কাৰ্যসূচী উন্নয়ন প্ৰকল্প জনসাধাৰণ অসম বাণী বাতৰি প্ৰতিবেদন চৰকাৰ ৰাজ্য জিলা সভা বিষয়া আজি কালি ঘোষণা কাৰ্যসূচী উন্নয়ন প্ৰকল্প জনসাধাৰণ অসম বাণী বাতৰি প্ৰতিবেদন চৰকাৰ ৰাজ্য জিলা সভা বিষয়া আজি কালি ঘোষণা কাৰ্যসূচী উন্নয়ন প্ৰকল্প জনসাধাৰণ অসম বাণী বাতৰি প্ৰতিবেদন চৰকাৰ ৰাজ্য জিলা সভা বিষয়া আজি কালি ঘোষণা কাৰ্যসূচী উন্নয়ন প্ৰকল্প জনসাধাৰণ অসম বাণী বাতৰি প্ৰতিবেদন চৰকাৰ ৰাজ্য জিলা সভা বিষয়া আজি কালি ঘোষণা কাৰ্যসূচী উন্নয়ন প্ৰকল্প জনসাধাৰণ অসম বাণী বাতৰি প্ৰতিবেদন চৰকাৰ ৰাজ্য জিলা সভা বিষয়া আজি কালি ঘোষণা কাৰ্যসূচী উন্নয়ন প্ৰকল্প জনসাধাৰণ অসম বাণী বাতৰি প্ৰতিবেদন চৰকাৰ ৰাজ্য জিলা সভা বিষয়া আজি কালি ঘোষণা কাৰ্যসূচী উন্নয়ন প্ৰকল্প জনসাধাৰণ অসম বাণী বাতৰি প্ৰতিবেদন চৰকাৰ ৰাজ্য জিলা সভা বিষয়া আজি কালি ঘোষণা কাৰ্যসূচী উন্নয়ন প্ৰকল্প জনসাধাৰণ অসম বাণী বাতৰি প্ৰতিবেদন চৰকাৰ ৰাজ্য জিলা সভা বিষয়া আজি কালি ঘোষণা কাৰ্যসূচী উন্নয়ন প্ৰকল্প জনসাধাৰণ
কুঁহিলা নদী সন্ধ্যানীন
অসম বাণী বাতৰি প্ৰতিবেদন চৰকাৰ ৰাজ্য জিলা সভা বিষয়া আজি কালি ঘোষণা কাৰ্যসূচী উন্নয়ন প্ৰকল্প জনসাধাৰণ অসম বাণী বাতৰি প্ৰতিবেদন চৰকাৰ ৰাজ্য জিলা সভা বিষয়া আজি কালি ঘোষণা কাৰ্যসূচী উন্নয়ন প্ৰকল্প জনসাধাৰণ অসম বাণী বাতৰি প্ৰতিবেদন চৰকাৰ ৰাজ্য জিলা সভা বিষয়া আজি কালি ঘোষণা কাৰ্যসূচী উন্নয়ন প্ৰকল্প জনসাধাৰণ অসম বাণী বাতৰি প্ৰতিবেদন চৰকাৰ ৰাজ্য জিলা সভা বিষয়া আজি কালি ঘোষণা কাৰ্যসূচী উন্নয়ন প্ৰকল্প জনসাধাৰণ অসম বাণী বাতৰি প্ৰতিবেদন চৰকাৰ ৰাজ্য জিলা সভা বিষয়া আজি কালি ঘোষণা কাৰ্যসূচী উন্নয়ন প্ৰকল্প জনসাধাৰণ অসম বাণী বাতৰি প্ৰতিবেদন চৰকাৰ ৰাজ্য জিলা সভা বিষয়া আজি কালি ঘোষণা কাৰ্যসূচী উন্নয়ন প্ৰকল্প জনসাধাৰণ অসম বাণী বাতৰি প্ৰতিবেদন চৰকাৰ ৰাজ্য জিলা সভা বিষয়া আজি কালি ঘোষণা কাৰ্যসূচী উন্নয়ন প্ৰকল্প জনসাধাৰণ অসম বাণী বাতৰি প্ৰতিবেদন চৰকাৰ ৰাজ্য জিলা সভা বিষয়া আজি কালি ঘোষণা কাৰ্যসূচী উন্নয়ন প্ৰকল্প জনসাধাৰণ অসম বাণী বাতৰি প্ৰতিবেদন চৰকাৰ ৰাজ্য জিলা সভা বিষয়া আজি কালি ঘোষণা কাৰ্যসূচী উন্নয়ন প্ৰকল্প জনসাধাৰণ অসম বাণী বাতৰি প্ৰতিবেদন চৰকাৰ ৰাজ্য জিলা সভা বিষয়া আজি কালি ঘোষণা কাৰ্যসূচী উন্নয়ন প্ৰকল্প জনসাধাৰণ অসম বাণী বাতৰি প্ৰতিবেদন চৰকাৰ ৰাজ্য জিলা সভা বিষয়া আজি কালি ঘোষণা কাৰ্যসূচী উন্নয়ন প্ৰকল্প জনসাধাৰণ অসম বাণী বাতৰি প্ৰতিবেদন চৰকাৰ ৰাজ্য জিলা সভা বিষয়া আজি কালি ঘোষণা কাৰ্যসূচী উন্নয়ন প্ৰকল্প জনসাধাৰণ অসম বাণী বাতৰি প্ৰতিবেদন চৰকাৰ ৰাজ্য জিলা সভা বিষয়া আজি কালি ঘোষণা কাৰ্যসূচী উন্নয়ন প্ৰকল্প জনসাধাৰণ অসম বাণী বাতৰি প্ৰতিবেদন চৰকাৰ ৰাজ্য জিলা সভা বিষয়া আজি কালি ঘোষণা কাৰ্যসূচী উন্নয়ন প্ৰকল্প জনসাধাৰণ অসম বাণী বাতৰি প্ৰতিবেদন চৰকাৰ ৰাজ্য জিলা সভা বিষয়া আজি কালি ঘোষণা কাৰ্যসূচী উন্নয়ন প্ৰকল্প জনসাধাৰণ অসম বাণী বাতৰি প্ৰতিবেদন চৰকাৰ ৰাজ্য জিলা সভা বিষয়া আজি কালি ঘোষণা কাৰ্যসূচী উন্নয়ন প্ৰকল্প জনসাধাৰণ অসম বাণী বাতৰি প্ৰতিবেদন চৰকাৰ ৰাজ্য জিলা সভা বিষয়া আজি কালি ঘোষণা কাৰ্যসূচী উন্নয়ন প্ৰকল্প জনসাধাৰণ অসম বাণী বাতৰি প্ৰতিবেদন চৰকাৰ ৰাজ্য জিলা সভা বিষয়া আজি কালি ঘোষণা কাৰ্যসূচী উন্নয়ন প্ৰকল্প জনসাধাৰণ অসম বাণী বাতৰি প্ৰতিবেদন চৰকাৰ ৰাজ্য জিলা সভা বিষয়া আজি কালি ঘোষণা কাৰ্যসূচী উন্নয়ন প্ৰকল্প জনসাধাৰণ অসম বাণী বাতৰি প্ৰতিবেদন চৰকাৰ ৰাজ্য জিলা সভা বিষয়া আজি কালি ঘোষণা কাৰ্যসূচী উন্নয়ন প্ৰকল্প জনসাধাৰণ অসম বাণী বাতৰি প্ৰতিবেদন চৰকাৰ ৰাজ্য জিলা সভা বিষয়া আজি কালি ঘোষণা কাৰ্যসূচী উন্নয়ন প্ৰকল্প জনসাধাৰণ অসম বাণী বাতৰি প্ৰতিবেদন চৰকাৰ ৰাজ্য জিলা সভা বিষয়া আজি কালি ঘোষণা কাৰ্যসূচী উন্নয়ন প্ৰকল্প জনসাধাৰণ অসম বাণী বাতৰি প্ৰতিবেদন চৰকাৰ ৰাজ্য জিলা সভা বিষয়া আজি কালি ঘোষণা কাৰ্যসূচী উন্নয়ন প্ৰকল্প জনসাধাৰণ অসম বাণী বাতৰি প্ৰতিবেদন চৰকাৰ ৰাজ্য জিলা সভা বিষয়া আজি কালি ঘোষণা কাৰ্যসূচী উন্নয়ন প্ৰকল্প জনসাধাৰণ
এইমছ গুৱাহাটী আৰু দলবাৰী
অসম বাণী বাতৰি প্ৰতিবেদন চৰকাৰ ৰাজ্য জিলা সভা বিষয়া আজি কালি ঘোষণা কাৰ্যসূচী উন্নয়ন প্ৰকল্প জনসাধাৰণ অসম বাণী বাতৰি প্ৰতিবেদন চৰকাৰ ৰাজ্য জিলা সভা বিষয়া আজি কালি ঘোষণা কাৰ্যসূচী উন্নয়ন প্ৰকল্প জনসাধাৰণ অসম বাণী বাতৰি প্ৰতিবেদন চৰকাৰ ৰাজ্য জিলা সভা বিষয়া আজি কালি ঘোষণা কাৰ্যসূচী উন্নয়ন প্ৰকল্প জনসাধাৰণ অসম বাণী বাতৰি প্ৰতিবেদন চৰকাৰ ৰাজ্য জিলা সভা বিষয়া আজি কালি ঘোষণা কাৰ্যসূচী উন্নয়ন প্ৰকল্প জনসাধাৰণ অসম বাণী বাতৰি প্ৰতিবেদন চৰকাৰ ৰাজ্য জিলা সভা বিষয়া আজি কালি ঘোষণা কাৰ্যসূচী উন্নয়ন প্ৰকল্প জনসাধাৰণ অসম বাণী বাতৰি প্ৰতিবেদন চৰকাৰ ৰাজ্য জিলা সভা বিষয়া আজি কালি ঘোষণা কাৰ্যসূচী উন্নয়ন প্ৰকল্প জনসাধাৰণ অসম বাণী বাতৰি প্ৰতিবেদন চৰকাৰ ৰাজ্য জিলা সভা বিষয়া আজি কালি ঘোষণা কাৰ্যসূচী উন্নয়ন প্ৰকল্প জনসাধাৰণ অসম বাণী বাতৰি প্ৰতিবেদন চৰকাৰ ৰাজ্য জিলা সভা বিষয়া আজি কালি ঘোষণা কাৰ্যসূচী উন্নয়ন প্ৰকল্প জনসাধাৰণ অসম বাণী বাতৰি প্ৰতিবেদন চৰকাৰ ৰাজ্য জিলা সভা বিষয়া আজি কালি ঘোষণা কাৰ্যসূচী উন্নয়ন প্ৰকল্প জনসাধাৰণ অসম বাণী বাতৰি প্ৰতিবেদন চৰকাৰ ৰাজ্য জিলা সভা বিষয়া আজি কালি ঘোষণা কাৰ্যসূচী উন্নয়ন প্ৰকল্প জনসাধাৰণ অসম বাণী বাতৰি প্ৰতিবেদন চৰকাৰ ৰাজ্য জিলা সভা বিষয়া আজি কালি ঘোষণা কাৰ্যসূচী উন্নয়ন প্ৰকল্প জনসাধাৰণ অসম বাণী বাতৰি প্ৰতিবেদন চৰকাৰ ৰাজ্য জিলা সভা বিষয়া আজি কালি ঘোষণা কাৰ্যসূচী উন্নয়ন প্ৰকল্প জনসাধাৰণ অসম বাণী বাতৰি প্ৰতিবেদন চৰকাৰ ৰাজ্য জিলা সভা বিষয়া আজি কালি ঘোষণা কাৰ্যসূচী উন্নয়ন প্ৰকল্প জনসাধাৰণ অসম বাণী বাতৰি প্ৰতিবেদন চৰকাৰ ৰাজ্য জিলা সভা বিষয়া আজি কালি ঘোষণা কাৰ্যসূচী উন্নয়ন প্ৰকল্প জনসাধাৰণ অসম বাণী বাতৰি প্ৰতিবেদন চৰকাৰ ৰাজ্য জিলা সভা বিষয়া আজি কালি ঘোষণা কাৰ্যসূচী উন্নয়ন প্ৰকল্প জনসাধাৰণ অসম বাণী বাতৰি প্ৰতিবেদন চৰকাৰ ৰাজ্য জিলা সভা বিষয়া আজি কালি ঘোষণা কাৰ্যসূচী উন্নয়ন প্ৰকল্প জনসাধাৰণ অসম বাণী বাতৰি প্ৰতিবেদন চৰকাৰ ৰাজ্য জিলা সভা বিষয়া আজি কালি ঘোষণা কাৰ্যসূচী উন্নয়ন প্ৰকল্প জনসাধাৰণ অসম বাণী বাতৰি প্ৰতিবেদন চৰকাৰ ৰাজ্য জিলা সভা বিষয়া আজি কালি ঘোষণা কাৰ্যসূচী উন্নয়ন প্ৰকল্প জনসাধাৰণ অসম বাণী বাতৰি প্ৰতিবেদন চৰকাৰ ৰাজ্য জিলা সভা বিষয়া আজি কালি ঘোষণা কাৰ্যসূচী উন্নয়ন প্ৰকল্প জনসাধাৰণ অসম বাণী বাতৰি প্ৰতিবেদন চৰকাৰ ৰাজ্য জিলা সভা বিষয়া আজি কালি ঘোষণা কাৰ্যসূচী উন্নয়ন প্ৰকল্প জনসাধাৰণ অসম বাণী বাতৰি প্ৰতিবেদন চৰকাৰ ৰাজ্য জিলা সভা বিষয়া আজি কালি ঘোষণা কাৰ্যসূচী উন্নয়ন প্ৰকল্প জনসাধাৰণ অসম বাণী বাতৰি প্ৰতিবেদন চৰকাৰ ৰাজ্য জিলা সভা বিষয়া আজি কালি ঘোষণা কাৰ্যসূচী উন্নয়ন প্ৰকল্প জনসাধাৰণ অসম বাণী বাতৰি প্ৰতিবেদন চৰকাৰ ৰাজ্য জিলা সভা বিষয়া আজি কালি ঘোষণা কাৰ্যসূচী উন্নয়ন প্ৰকল্প জনসাধাৰণ অসম বাণী বাতৰি প্ৰতিবেদন চৰকাৰ ৰাজ্য জিলা সভা বিষয়া আজি কালি ঘোষণা কাৰ্যসূচী উন্নয়ন প্ৰকল্প জনসাধাৰণ অসম বাণী বাতৰি প্ৰতিবেদন চৰকাৰ ৰাজ্য জিলা সভা বিষয়া আজি কালি ঘোষণা কাৰ্যসূচী উন্নয়ন প্ৰকল্প জনসাধাৰণ অসম বাণী বাতৰি প্ৰতিবেদন চৰকাৰ ৰাজ্য জিলা সভা বিষয়া আজি কালি ঘোষণা কাৰ্যসূচী উন্নয়ন প্ৰকল্প জনসাধাৰণ অসম বাণী বাতৰি প্ৰতিবেদন চৰকাৰ ৰাজ্য জিলা সভা বিষয়া আজি কালি ঘোষণা কাৰ্যসূচী উন্নয়ন প্ৰকল্প জনসাধাৰণ অসম বাণী বাতৰি প্ৰতিবেদন চৰকাৰ ৰাজ্য জিলা সভা বিষয়া আজি কালি ঘোষণা কাৰ্যসূচী উন্নয়ন প্ৰকল্প জনসাধাৰণ অসম বাণী বাতৰি প্ৰতিবেদন চৰকাৰ ৰাজ্য জিলা সভা বিষয়া আজি কালি ঘোষণা কাৰ্যসূচী উন্নয়ন প্ৰকল্প জনসাধাৰণ অসম বাণী বাতৰি প্ৰতিবেদন চৰকাৰ ৰাজ্য জিলা সভা বিষয়া আজি কালি ঘোষণা কাৰ্যসূচী উন্নয়ন প্ৰকল্প জনসাধাৰণ অসম বাণী বাতৰি প্ৰতিবেদন চৰকাৰ ৰাজ্য জিলা সভা বিষয়া আজি কালি ঘোষণা কাৰ্যসূচী উন্নয়ন প্ৰকল্প জনসাধাৰণ অসম বাণী বাতৰি প্ৰতিবেদন চৰকাৰ ৰাজ্য জিলা সভা বিষয়া আজি কালি ঘোষণা কাৰ্যসূচী উন্নয়ন প্ৰকল্প জনসাধাৰণ অসম বাণী বাতৰি প্ৰতিবেদন চৰকাৰ ৰাজ্য জিলা সভা বিষয়া আজি কালি ঘোষণা কাৰ্যসূচী উন্নয়ন প্ৰকল্প জনসাধাৰণ অসম বাণী বাতৰি প্ৰতিবেদন চৰকাৰ ৰাজ্য জিলা সভা বিষয়া আজি কালি ঘোষণা কাৰ্যসূচী উন্নয়ন প্ৰকল্প জনসাধাৰণ অসম বাণী বাতৰি প্ৰতিবেদন চৰকাৰ ৰাজ্য জিলা সভা বিষয়া আজি কালি ঘোষণা কাৰ্যসূচী উন্নয়ন প্ৰকল্প জনসাধাৰণ অসম বাণী বাতৰি প্ৰতিবেদন চৰকাৰ ৰাজ্য জিলা সভা বিষয়া আজি কালি ঘোষণা কাৰ্যসূচী উন্নয়ন প্ৰকল্প জনসাধাৰণ অসম বাণী বাতৰি প্ৰতিবেদন চৰকাৰ ৰাজ্য জিলা সভা বিষয়া আজি কালি ঘোষণা কাৰ্যসূচী উন্নয়ন প্ৰকল্প জনসাধাৰণ অসম বাণী বাতৰি প্ৰতিবেদন চৰকাৰ ৰাজ্য জিলা সভা বিষয়া আজি কালি ঘোষণা কাৰ্যসূচী উন্নয়ন প্ৰকল্প জনসাধাৰণ অসম বাণী বাতৰি প্ৰতিবেদন চৰকাৰ ৰাজ্য জিলা সভা বিষয়া আজি কালি ঘোষণা কাৰ্যসূচী উন্নয়ন প্ৰকল্প জনসাধাৰণ অসম বাণী বাতৰি প্ৰতিবেদন চৰকাৰ ৰাজ্য জিলা সভা বিষয়া আজি কালি ঘোষণা কাৰ্যসূচী উন্নয়ন প্ৰকল্প জনসাধাৰণ অসম বাণী বাতৰি প্ৰতিবেদন চৰকাৰ ৰাজ্য জিলা সভা বিষয়া আজি কালি ঘোষণা কাৰ্যসূচী উন্নয়ন প্ৰকল্প জনসাধাৰণ অসম বাণী বাতৰি প্ৰতিবেদন চৰকাৰ ৰাজ্য জিলা সভা বিষয়া আজি কালি ঘোষণা কাৰ্যসূচী উন্নয়ন প্ৰকল্প জনসাধাৰণ অসম বাণী বাতৰি প্ৰতিবেদন চৰকাৰ ৰাজ্য জিলা সভা বিষয়া আজি কালি ঘোষণা কাৰ্যসূচী উন্নয়ন প্ৰকল্প জনসাধাৰণ অসম বাণী বাতৰি প্ৰতিবেদন চৰকাৰ ৰাজ্য জিলা সভা বিষয়া আজি কালি ঘোষণা কাৰ্যসূচী উন্নয়ন প্ৰকল্প জনসাধাৰণ অসম বাণী বাতৰি প্ৰতিবেদন চৰকাৰ ৰাজ্য জিলা সভা বিষয়া আজি কালি ঘোষণা কাৰ্যসূচী উন্নয়ন প্ৰকল্প জনসাধাৰণ অসম বাণী বাতৰি প্ৰতিবেদন চৰকাৰ ৰাজ্য জিলা সভা বিষয়া আজি কালি ঘোষণা কাৰ্যসূচী উন্নয়ন প্ৰকল্প জনসাধাৰণ অসম বাণী বাতৰি প্ৰতিবেদন চৰকাৰ ৰাজ্য জিলা সভা বিষয়া আজি কালি ঘোষণা কাৰ্যসূচী উন্নয়ন প্ৰকল্প জনসাধাৰণ অসম বাণী বাতৰি প্ৰতিবেদন চৰকাৰ ৰাজ্য জিলা সভা বিষয়া আজি কালি ঘোষণা কাৰ্যসূচী উন্নয়ন প্ৰকল্প জনসাধাৰণ অসম বাণী বাতৰি প্ৰতিবেদন চৰকাৰ ৰাজ্য জিলা সভা বিষয়া আজি কালি ঘোষণা কাৰ্যসূচী উন্নয়ন প্ৰকল্প জনসাধাৰণ অসম বাণী বাতৰি প্ৰতিবেদন চৰকাৰ ৰাজ্য জিলা সভা বিষয়া আজি কালি ঘোষণা কাৰ্যসূচী উন্নয়ন প্ৰকল্প জনসাধাৰণ অসম বাণী বাতৰি প্ৰতিবেদন চৰকাৰ ৰাজ্য জিলা সভা বিষয়া আজি কালি ঘোষণা কাৰ্যসূচী উন্নয়ন প্ৰকল্প জনসাধাৰণ অসম বাণী বাতৰি প্ৰতিবেদন চৰকাৰ ৰাজ্য জিলা সভা বিষয়া আজি কালি ঘোষণা কাৰ্যসূচী উন্নয়ন প্ৰকল্প জনসাধাৰণ
